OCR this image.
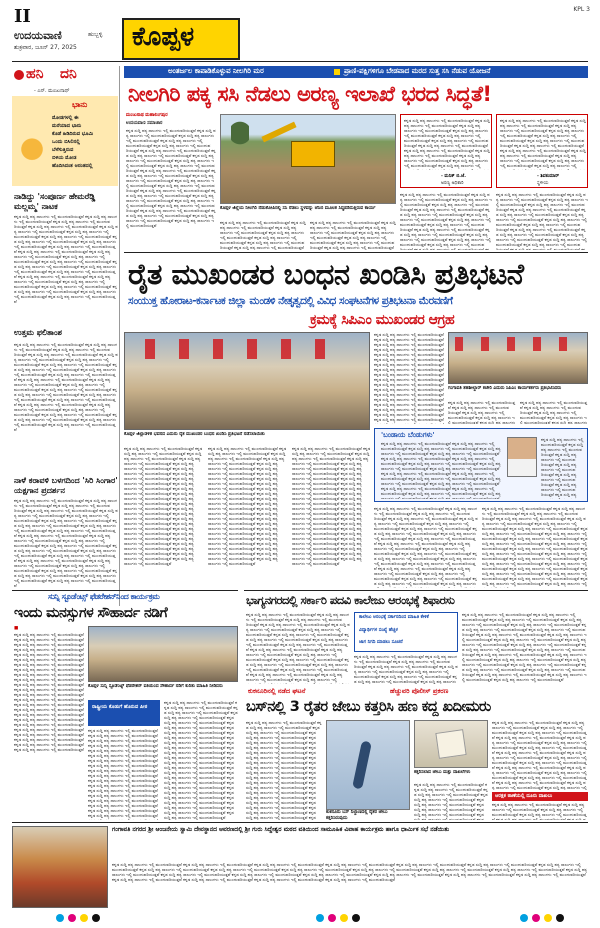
II
ಉದಯವಾಣಿ	ಹುಬ್ಬಳ್ಳಿ
ಶುಕ್ರವಾರ, ಜೂನ್ 27, 2025 ಕೊಪ್ಪಳ
KPL 3
ಹನಿ ದನಿ
- ಎನ್. ಮಂಜುನಾಥ್
ಭಾನು
ಮೋಡಗಳಲ್ಲಿ ಈ
ಮರೆಯಾದ ಭಾನು
ಕೊಡೆ ಹಿಡಿದಿರುವ ಭೂಮಿ
ಒಂದು ಬಿಸಿಲಿನಲ್ಲಿ
ಬೆಳೆಸುತ್ತಿರುವ
ಬಿಳಿಯ ಮೋಡ
ಹೊದಿಸಿದಂತ ಅನಂತದಲ್ಲಿ
ನಾಡಿದ್ದು 'ಸಂಪೂರ್ಣ ಹೇಮರೆಡ್ಡಿ ಮಲ್ಲಮ್ಮ' ನಾಟಕ
ಕನ್ನಡ ಸುದ್ದಿ ಪಠ್ಯ ಸಾಲುಗಳು ಇಲ್ಲಿ ಮುಂದುವರಿಯುತ್ತವೆ ಕನ್ನಡ ಸುದ್ದಿ ಪಠ್ಯ ಸಾಲುಗಳು ಇಲ್ಲಿ ಮುಂದುವರಿಯುತ್ತವೆ ಕನ್ನಡ ಸುದ್ದಿ ಪಠ್ಯ ಸಾಲುಗಳು ಇಲ್ಲಿ ಮುಂದುವರಿಯುತ್ತವೆ ಕನ್ನಡ ಸುದ್ದಿ ಪಠ್ಯ ಸಾಲುಗಳು ಇಲ್ಲಿ ಮುಂದುವರಿಯುತ್ತವೆ ಕನ್ನಡ ಸುದ್ದಿ ಪಠ್ಯ ಸಾಲುಗಳು ಇಲ್ಲಿ ಮುಂದುವರಿಯುತ್ತವೆ ಕನ್ನಡ ಸುದ್ದಿ ಪಠ್ಯ ಸಾಲುಗಳು ಇಲ್ಲಿ ಮುಂದುವರಿಯುತ್ತವೆ ಕನ್ನಡ ಸುದ್ದಿ ಪಠ್ಯ ಸಾಲುಗಳು ಇಲ್ಲಿ ಮುಂದುವರಿಯುತ್ತವೆ ಕನ್ನಡ ಸುದ್ದಿ ಪಠ್ಯ ಸಾಲುಗಳು ಇಲ್ಲಿ ಮುಂದುವರಿಯುತ್ತವೆ ಕನ್ನಡ ಸುದ್ದಿ ಪಠ್ಯ ಸಾಲುಗಳು ಇಲ್ಲಿ ಮುಂದುವರಿಯುತ್ತವೆ ಕನ್ನಡ ಸುದ್ದಿ ಪಠ್ಯ ಸಾಲುಗಳು ಇಲ್ಲಿ ಮುಂದುವರಿಯುತ್ತವೆ ಕನ್ನಡ ಸುದ್ದಿ ಪಠ್ಯ ಸಾಲುಗಳು ಇಲ್ಲಿ ಮುಂದುವರಿಯುತ್ತವೆ ಕನ್ನಡ ಸುದ್ದಿ ಪಠ್ಯ ಸಾಲುಗಳು ಇಲ್ಲಿ ಮುಂದುವರಿಯುತ್ತವೆ ಕನ್ನಡ ಸುದ್ದಿ ಪಠ್ಯ ಸಾಲುಗಳು ಇಲ್ಲಿ ಮುಂದುವರಿಯುತ್ತವೆ ಕನ್ನಡ ಸುದ್ದಿ ಪಠ್ಯ ಸಾಲುಗಳು ಇಲ್ಲಿ ಮುಂದುವರಿಯುತ್ತವೆ ಕನ್ನಡ ಸುದ್ದಿ ಪಠ್ಯ ಸಾಲುಗಳು ಇಲ್ಲಿ ಮುಂದುವರಿಯುತ್ತವೆ ಕನ್ನಡ ಸುದ್ದಿ ಪಠ್ಯ ಸಾಲುಗಳು ಇಲ್ಲಿ ಮುಂದುವರಿಯುತ್ತವೆ ಕನ್ನಡ ಸುದ್ದಿ ಪಠ್ಯ ಸಾಲುಗಳು ಇಲ್ಲಿ ಮುಂದುವರಿಯುತ್ತವೆ ಕನ್ನಡ ಸುದ್ದಿ ಪಠ್ಯ ಸಾಲುಗಳು ಇಲ್ಲಿ ಮುಂದುವರಿಯುತ್ತವೆ ಕನ್ನಡ ಸುದ್ದಿ ಪಠ್ಯ ಸಾಲುಗಳು ಇಲ್ಲಿ ಮುಂದುವರಿಯುತ್ತವೆ ಕನ್ನಡ ಸುದ್ದಿ ಪಠ್ಯ ಸಾಲುಗಳು ಇಲ್ಲಿ ಮುಂದುವರಿಯುತ್ತವೆ ಕನ್ನಡ ಸುದ್ದಿ ಪಠ್ಯ ಸಾಲುಗಳು ಇಲ್ಲಿ ಮುಂದುವರಿಯುತ್ತವೆ ಕನ್ನಡ ಸುದ್ದಿ ಪಠ್ಯ ಸಾಲುಗಳು ಇಲ್ಲಿ ಮುಂದುವರಿಯುತ್ತವೆ ಕನ್ನಡ ಸುದ್ದಿ ಪಠ್ಯ ಸಾಲುಗಳು ಇಲ್ಲಿ ಮುಂದುವರಿಯುತ್ತವೆ ಕನ್ನಡ ಸುದ್ದಿ ಪಠ್ಯ ಸಾಲುಗಳು ಇಲ್ಲಿ ಮುಂದುವರಿಯುತ್ತವೆ
ಉತ್ತಮ ಫಲಿತಾಂಶ
ಕನ್ನಡ ಸುದ್ದಿ ಪಠ್ಯ ಸಾಲುಗಳು ಇಲ್ಲಿ ಮುಂದುವರಿಯುತ್ತವೆ ಕನ್ನಡ ಸುದ್ದಿ ಪಠ್ಯ ಸಾಲುಗಳು ಇಲ್ಲಿ ಮುಂದುವರಿಯುತ್ತವೆ ಕನ್ನಡ ಸುದ್ದಿ ಪಠ್ಯ ಸಾಲುಗಳು ಇಲ್ಲಿ ಮುಂದುವರಿಯುತ್ತವೆ ಕನ್ನಡ ಸುದ್ದಿ ಪಠ್ಯ ಸಾಲುಗಳು ಇಲ್ಲಿ ಮುಂದುವರಿಯುತ್ತವೆ ಕನ್ನಡ ಸುದ್ದಿ ಪಠ್ಯ ಸಾಲುಗಳು ಇಲ್ಲಿ ಮುಂದುವರಿಯುತ್ತವೆ ಕನ್ನಡ ಸುದ್ದಿ ಪಠ್ಯ ಸಾಲುಗಳು ಇಲ್ಲಿ ಮುಂದುವರಿಯುತ್ತವೆ ಕನ್ನಡ ಸುದ್ದಿ ಪಠ್ಯ ಸಾಲುಗಳು ಇಲ್ಲಿ ಮುಂದುವರಿಯುತ್ತವೆ ಕನ್ನಡ ಸುದ್ದಿ ಪಠ್ಯ ಸಾಲುಗಳು ಇಲ್ಲಿ ಮುಂದುವರಿಯುತ್ತವೆ ಕನ್ನಡ ಸುದ್ದಿ ಪಠ್ಯ ಸಾಲುಗಳು ಇಲ್ಲಿ ಮುಂದುವರಿಯುತ್ತವೆ ಕನ್ನಡ ಸುದ್ದಿ ಪಠ್ಯ ಸಾಲುಗಳು ಇಲ್ಲಿ ಮುಂದುವರಿಯುತ್ತವೆ ಕನ್ನಡ ಸುದ್ದಿ ಪಠ್ಯ ಸಾಲುಗಳು ಇಲ್ಲಿ ಮುಂದುವರಿಯುತ್ತವೆ ಕನ್ನಡ ಸುದ್ದಿ ಪಠ್ಯ ಸಾಲುಗಳು ಇಲ್ಲಿ ಮುಂದುವರಿಯುತ್ತವೆ ಕನ್ನಡ ಸುದ್ದಿ ಪಠ್ಯ ಸಾಲುಗಳು ಇಲ್ಲಿ ಮುಂದುವರಿಯುತ್ತವೆ ಕನ್ನಡ ಸುದ್ದಿ ಪಠ್ಯ ಸಾಲುಗಳು ಇಲ್ಲಿ ಮುಂದುವರಿಯುತ್ತವೆ ಕನ್ನಡ ಸುದ್ದಿ ಪಠ್ಯ ಸಾಲುಗಳು ಇಲ್ಲಿ ಮುಂದುವರಿಯುತ್ತವೆ ಕನ್ನಡ ಸುದ್ದಿ ಪಠ್ಯ ಸಾಲುಗಳು ಇಲ್ಲಿ ಮುಂದುವರಿಯುತ್ತವೆ ಕನ್ನಡ ಸುದ್ದಿ ಪಠ್ಯ ಸಾಲುಗಳು ಇಲ್ಲಿ ಮುಂದುವರಿಯುತ್ತವೆ ಕನ್ನಡ ಸುದ್ದಿ ಪಠ್ಯ ಸಾಲುಗಳು ಇಲ್ಲಿ ಮುಂದುವರಿಯುತ್ತವೆ ಕನ್ನಡ ಸುದ್ದಿ ಪಠ್ಯ ಸಾಲುಗಳು ಇಲ್ಲಿ ಮುಂದುವರಿಯುತ್ತವೆ ಕನ್ನಡ ಸುದ್ದಿ ಪಠ್ಯ ಸಾಲುಗಳು ಇಲ್ಲಿ ಮುಂದುವರಿಯುತ್ತವೆ ಕನ್ನಡ ಸುದ್ದಿ ಪಠ್ಯ ಸಾಲುಗಳು ಇಲ್ಲಿ ಮುಂದುವರಿಯುತ್ತವೆ ಕನ್ನಡ ಸುದ್ದಿ ಪಠ್ಯ ಸಾಲುಗಳು ಇಲ್ಲಿ ಮುಂದುವರಿಯುತ್ತವೆ ಕನ್ನಡ ಸುದ್ದಿ ಪಠ್ಯ ಸಾಲುಗಳು ಇಲ್ಲಿ ಮುಂದುವರಿಯುತ್ತವೆ ಕನ್ನಡ ಸುದ್ದಿ ಪಠ್ಯ ಸಾಲುಗಳು ಇಲ್ಲಿ ಮುಂದುವರಿಯುತ್ತವೆ
ನಾಳೆ ಕರಾವಳಿ ಬಳಗದಿಂದ 'ಸಿರಿ ಸಿಂಗಾರ' ಯಕ್ಷಗಾನ ಪ್ರದರ್ಶನ
ಕನ್ನಡ ಸುದ್ದಿ ಪಠ್ಯ ಸಾಲುಗಳು ಇಲ್ಲಿ ಮುಂದುವರಿಯುತ್ತವೆ ಕನ್ನಡ ಸುದ್ದಿ ಪಠ್ಯ ಸಾಲುಗಳು ಇಲ್ಲಿ ಮುಂದುವರಿಯುತ್ತವೆ ಕನ್ನಡ ಸುದ್ದಿ ಪಠ್ಯ ಸಾಲುಗಳು ಇಲ್ಲಿ ಮುಂದುವರಿಯುತ್ತವೆ ಕನ್ನಡ ಸುದ್ದಿ ಪಠ್ಯ ಸಾಲುಗಳು ಇಲ್ಲಿ ಮುಂದುವರಿಯುತ್ತವೆ ಕನ್ನಡ ಸುದ್ದಿ ಪಠ್ಯ ಸಾಲುಗಳು ಇಲ್ಲಿ ಮುಂದುವರಿಯುತ್ತವೆ ಕನ್ನಡ ಸುದ್ದಿ ಪಠ್ಯ ಸಾಲುಗಳು ಇಲ್ಲಿ ಮುಂದುವರಿಯುತ್ತವೆ ಕನ್ನಡ ಸುದ್ದಿ ಪಠ್ಯ ಸಾಲುಗಳು ಇಲ್ಲಿ ಮುಂದುವರಿಯುತ್ತವೆ ಕನ್ನಡ ಸುದ್ದಿ ಪಠ್ಯ ಸಾಲುಗಳು ಇಲ್ಲಿ ಮುಂದುವರಿಯುತ್ತವೆ ಕನ್ನಡ ಸುದ್ದಿ ಪಠ್ಯ ಸಾಲುಗಳು ಇಲ್ಲಿ ಮುಂದುವರಿಯುತ್ತವೆ ಕನ್ನಡ ಸುದ್ದಿ ಪಠ್ಯ ಸಾಲುಗಳು ಇಲ್ಲಿ ಮುಂದುವರಿಯುತ್ತವೆ ಕನ್ನಡ ಸುದ್ದಿ ಪಠ್ಯ ಸಾಲುಗಳು ಇಲ್ಲಿ ಮುಂದುವರಿಯುತ್ತವೆ ಕನ್ನಡ ಸುದ್ದಿ ಪಠ್ಯ ಸಾಲುಗಳು ಇಲ್ಲಿ ಮುಂದುವರಿಯುತ್ತವೆ ಕನ್ನಡ ಸುದ್ದಿ ಪಠ್ಯ ಸಾಲುಗಳು ಇಲ್ಲಿ ಮುಂದುವರಿಯುತ್ತವೆ ಕನ್ನಡ ಸುದ್ದಿ ಪಠ್ಯ ಸಾಲುಗಳು ಇಲ್ಲಿ ಮುಂದುವರಿಯುತ್ತವೆ ಕನ್ನಡ ಸುದ್ದಿ ಪಠ್ಯ ಸಾಲುಗಳು ಇಲ್ಲಿ ಮುಂದುವರಿಯುತ್ತವೆ ಕನ್ನಡ ಸುದ್ದಿ ಪಠ್ಯ ಸಾಲುಗಳು ಇಲ್ಲಿ ಮುಂದುವರಿಯುತ್ತವೆ ಕನ್ನಡ ಸುದ್ದಿ ಪಠ್ಯ ಸಾಲುಗಳು ಇಲ್ಲಿ ಮುಂದುವರಿಯುತ್ತವೆ ಕನ್ನಡ ಸುದ್ದಿ ಪಠ್ಯ ಸಾಲುಗಳು ಇಲ್ಲಿ ಮುಂದುವರಿಯುತ್ತವೆ ಕನ್ನಡ ಸುದ್ದಿ ಪಠ್ಯ ಸಾಲುಗಳು ಇಲ್ಲಿ ಮುಂದುವರಿಯುತ್ತವೆ ಕನ್ನಡ ಸುದ್ದಿ ಪಠ್ಯ ಸಾಲುಗಳು ಇಲ್ಲಿ ಮುಂದುವರಿಯುತ್ತವೆ ಕನ್ನಡ ಸುದ್ದಿ ಪಠ್ಯ ಸಾಲುಗಳು ಇಲ್ಲಿ ಮುಂದುವರಿಯುತ್ತವೆ ಕನ್ನಡ ಸುದ್ದಿ ಪಠ್ಯ ಸಾಲುಗಳು ಇಲ್ಲಿ ಮುಂದುವರಿಯುತ್ತವೆ ಕನ್ನಡ ಸುದ್ದಿ ಪಠ್ಯ ಸಾಲುಗಳು ಇಲ್ಲಿ ಮುಂದುವರಿಯುತ್ತವೆ ಕನ್ನಡ ಸುದ್ದಿ ಪಠ್ಯ ಸಾಲುಗಳು ಇಲ್ಲಿ ಮುಂದುವರಿಯುತ್ತವೆ
ಅಂತರ್ಜಲ ಕಾಪಾಡಿಕೊಳ್ಳುವ ನೀಲಗಿರಿ ಮರ	ಪ್ರಾಣಿ-ಪಕ್ಷಿಗಳಿಗೂ ಬೇಡವಾದ ಮರದ ಸುತ್ತ ಸಸಿ ನೆಡುವ ಯೋಜನೆ
ನೀಲಗಿರಿ ಪಕ್ಕ ಸಸಿ ನೆಡಲು ಅರಣ್ಯ ಇಲಾಖೆ ಭರದ ಸಿದ್ಧತೆ!
ಮಂಜುನಾಥ ಮಹಾಲಿಂಗಪುರ
ಉದಯವಾಣಿ ಸಮಾಚಾರ
ಕನ್ನಡ ಸುದ್ದಿ ಪಠ್ಯ ಸಾಲುಗಳು ಇಲ್ಲಿ ಮುಂದುವರಿಯುತ್ತವೆ ಕನ್ನಡ ಸುದ್ದಿ ಪಠ್ಯ ಸಾಲುಗಳು ಇಲ್ಲಿ ಮುಂದುವರಿಯುತ್ತವೆ ಕನ್ನಡ ಸುದ್ದಿ ಪಠ್ಯ ಸಾಲುಗಳು ಇಲ್ಲಿ ಮುಂದುವರಿಯುತ್ತವೆ ಕನ್ನಡ ಸುದ್ದಿ ಪಠ್ಯ ಸಾಲುಗಳು ಇಲ್ಲಿ ಮುಂದುವರಿಯುತ್ತವೆ ಕನ್ನಡ ಸುದ್ದಿ ಪಠ್ಯ ಸಾಲುಗಳು ಇಲ್ಲಿ ಮುಂದುವರಿಯುತ್ತವೆ ಕನ್ನಡ ಸುದ್ದಿ ಪಠ್ಯ ಸಾಲುಗಳು ಇಲ್ಲಿ ಮುಂದುವರಿಯುತ್ತವೆ ಕನ್ನಡ ಸುದ್ದಿ ಪಠ್ಯ ಸಾಲುಗಳು ಇಲ್ಲಿ ಮುಂದುವರಿಯುತ್ತವೆ ಕನ್ನಡ ಸುದ್ದಿ ಪಠ್ಯ ಸಾಲುಗಳು ಇಲ್ಲಿ ಮುಂದುವರಿಯುತ್ತವೆ ಕನ್ನಡ ಸುದ್ದಿ ಪಠ್ಯ ಸಾಲುಗಳು ಇಲ್ಲಿ ಮುಂದುವರಿಯುತ್ತವೆ ಕನ್ನಡ ಸುದ್ದಿ ಪಠ್ಯ ಸಾಲುಗಳು ಇಲ್ಲಿ ಮುಂದುವರಿಯುತ್ತವೆ ಕನ್ನಡ ಸುದ್ದಿ ಪಠ್ಯ ಸಾಲುಗಳು ಇಲ್ಲಿ ಮುಂದುವರಿಯುತ್ತವೆ ಕನ್ನಡ ಸುದ್ದಿ ಪಠ್ಯ ಸಾಲುಗಳು ಇಲ್ಲಿ ಮುಂದುವರಿಯುತ್ತವೆ ಕನ್ನಡ ಸುದ್ದಿ ಪಠ್ಯ ಸಾಲುಗಳು ಇಲ್ಲಿ ಮುಂದುವರಿಯುತ್ತವೆ ಕನ್ನಡ ಸುದ್ದಿ ಪಠ್ಯ ಸಾಲುಗಳು ಇಲ್ಲಿ ಮುಂದುವರಿಯುತ್ತವೆ ಕನ್ನಡ ಸುದ್ದಿ ಪಠ್ಯ ಸಾಲುಗಳು ಇಲ್ಲಿ ಮುಂದುವರಿಯುತ್ತವೆ ಕನ್ನಡ ಸುದ್ದಿ ಪಠ್ಯ ಸಾಲುಗಳು ಇಲ್ಲಿ ಮುಂದುವರಿಯುತ್ತವೆ ಕನ್ನಡ ಸುದ್ದಿ ಪಠ್ಯ ಸಾಲುಗಳು ಇಲ್ಲಿ ಮುಂದುವರಿಯುತ್ತವೆ ಕನ್ನಡ ಸುದ್ದಿ ಪಠ್ಯ ಸಾಲುಗಳು ಇಲ್ಲಿ ಮುಂದುವರಿಯುತ್ತವೆ ಕನ್ನಡ ಸುದ್ದಿ ಪಠ್ಯ ಸಾಲುಗಳು ಇಲ್ಲಿ ಮುಂದುವರಿಯುತ್ತವೆ ಕನ್ನಡ ಸುದ್ದಿ ಪಠ್ಯ ಸಾಲುಗಳು ಇಲ್ಲಿ ಮುಂದುವರಿಯುತ್ತವೆ ಕನ್ನಡ ಸುದ್ದಿ ಪಠ್ಯ ಸಾಲುಗಳು ಇಲ್ಲಿ ಮುಂದುವರಿಯುತ್ತವೆ ಕನ್ನಡ ಸುದ್ದಿ ಪಠ್ಯ ಸಾಲುಗಳು ಇಲ್ಲಿ ಮುಂದುವರಿಯುತ್ತವೆ ಕನ್ನಡ ಸುದ್ದಿ ಪಠ್ಯ ಸಾಲುಗಳು ಇಲ್ಲಿ ಮುಂದುವರಿಯುತ್ತವೆ ಕನ್ನಡ ಸುದ್ದಿ ಪಠ್ಯ ಸಾಲುಗಳು ಇಲ್ಲಿ ಮುಂದುವರಿಯುತ್ತವೆ
ಕೊಪ್ಪಳ ಜಿಲ್ಲೆಯ ನೀಲಗಿರಿ ನೆಡುತೋಪಿನಲ್ಲಿ ಸಸಿ ನೆಡಲು ಸ್ಥಳವನ್ನು ಜೆಸಿಬಿ ಮೂಲಕ ಸಿದ್ಧಪಡಿಸುತ್ತಿರುವ ಕಾರ್ಯ
ಕನ್ನಡ ಸುದ್ದಿ ಪಠ್ಯ ಸಾಲುಗಳು ಇಲ್ಲಿ ಮುಂದುವರಿಯುತ್ತವೆ ಕನ್ನಡ ಸುದ್ದಿ ಪಠ್ಯ ಸಾಲುಗಳು ಇಲ್ಲಿ ಮುಂದುವರಿಯುತ್ತವೆ ಕನ್ನಡ ಸುದ್ದಿ ಪಠ್ಯ ಸಾಲುಗಳು ಇಲ್ಲಿ ಮುಂದುವರಿಯುತ್ತವೆ ಕನ್ನಡ ಸುದ್ದಿ ಪಠ್ಯ ಸಾಲುಗಳು ಇಲ್ಲಿ ಮುಂದುವರಿಯುತ್ತವೆ ಕನ್ನಡ ಸುದ್ದಿ ಪಠ್ಯ ಸಾಲುಗಳು ಇಲ್ಲಿ ಮುಂದುವರಿಯುತ್ತವೆ ಕನ್ನಡ ಸುದ್ದಿ ಪಠ್ಯ ಸಾಲುಗಳು ಇಲ್ಲಿ ಮುಂದುವರಿಯುತ್ತವೆ ಕನ್ನಡ ಸುದ್ದಿ ಪಠ್ಯ ಸಾಲುಗಳು ಇಲ್ಲಿ ಮುಂದುವರಿಯುತ್ತವೆ ಕನ್ನಡ ಸುದ್ದಿ ಪಠ್ಯ ಸಾಲುಗಳು ಇಲ್ಲಿ ಮುಂದುವರಿಯುತ್ತವೆ ಕನ್ನಡ ಸುದ್ದಿ ಪಠ್ಯ ಸಾಲುಗಳು ಇಲ್ಲಿ ಮುಂದುವರಿಯುತ್ತವೆ ಕನ್ನಡ ಸುದ್ದಿ ಪಠ್ಯ ಸಾಲುಗಳು ಇಲ್ಲಿ ಮುಂದುವರಿಯುತ್ತವೆ ಕನ್ನಡ ಸುದ್ದಿ ಪಠ್ಯ ಸಾಲುಗಳು ಇಲ್ಲಿ ಮುಂದುವರಿಯುತ್ತವೆ ಕನ್ನಡ ಸುದ್ದಿ ಪಠ್ಯ ಸಾಲುಗಳು ಇಲ್ಲಿ ಮುಂದುವರಿಯುತ್ತವೆ ಕನ್ನಡ ಸುದ್ದಿ ಪಠ್ಯ ಸಾಲುಗಳು ಇಲ್ಲಿ ಮುಂದುವರಿಯುತ್ತವೆ ಕನ್ನಡ ಸುದ್ದಿ ಪಠ್ಯ ಸಾಲುಗಳು ಇಲ್ಲಿ ಮುಂದುವರಿಯುತ್ತವೆ ಕನ್ನಡ ಸುದ್ದಿ ಪಠ್ಯ ಸಾಲುಗಳು ಇಲ್ಲಿ ಮುಂದುವರಿಯುತ್ತವೆ ಕನ್ನಡ ಸುದ್ದಿ ಪಠ್ಯ ಸಾಲುಗಳು ಇಲ್ಲಿ ಮುಂದುವರಿಯುತ್ತವೆ ಕನ್ನಡ ಸುದ್ದಿ ಪಠ್ಯ ಸಾಲುಗಳು ಇಲ್ಲಿ ಮುಂದುವರಿಯುತ್ತವೆ ಕನ್ನಡ ಸುದ್ದಿ ಪಠ್ಯ ಸಾಲುಗಳು ಇಲ್ಲಿ ಮುಂದುವರಿಯುತ್ತವೆ ಕನ್ನಡ ಸುದ್ದಿ ಪಠ್ಯ ಸಾಲುಗಳು ಇಲ್ಲಿ ಮುಂದುವರಿಯುತ್ತವೆ ಕನ್ನಡ ಸುದ್ದಿ ಪಠ್ಯ ಸಾಲುಗಳು ಇಲ್ಲಿ ಮುಂದುವರಿಯುತ್ತವೆ ಕನ್ನಡ ಸುದ್ದಿ ಪಠ್ಯ ಸಾಲುಗಳು ಇಲ್ಲಿ ಮುಂದುವರಿಯುತ್ತವೆ ಕನ್ನಡ ಸುದ್ದಿ ಪಠ್ಯ ಸಾಲುಗಳು ಇಲ್ಲಿ ಮುಂದುವರಿಯುತ್ತವೆ ಕನ್ನಡ ಸುದ್ದಿ ಪಠ್ಯ ಸಾಲುಗಳು ಇಲ್ಲಿ ಮುಂದುವರಿಯುತ್ತವೆ ಕನ್ನಡ ಸುದ್ದಿ ಪಠ್ಯ ಸಾಲುಗಳು ಇಲ್ಲಿ ಮುಂದುವರಿಯುತ್ತವೆ
ಕನ್ನಡ ಸುದ್ದಿ ಪಠ್ಯ ಸಾಲುಗಳು ಇಲ್ಲಿ ಮುಂದುವರಿಯುತ್ತವೆ ಕನ್ನಡ ಸುದ್ದಿ ಪಠ್ಯ ಸಾಲುಗಳು ಇಲ್ಲಿ ಮುಂದುವರಿಯುತ್ತವೆ ಕನ್ನಡ ಸುದ್ದಿ ಪಠ್ಯ ಸಾಲುಗಳು ಇಲ್ಲಿ ಮುಂದುವರಿಯುತ್ತವೆ ಕನ್ನಡ ಸುದ್ದಿ ಪಠ್ಯ ಸಾಲುಗಳು ಇಲ್ಲಿ ಮುಂದುವರಿಯುತ್ತವೆ ಕನ್ನಡ ಸುದ್ದಿ ಪಠ್ಯ ಸಾಲುಗಳು ಇಲ್ಲಿ ಮುಂದುವರಿಯುತ್ತವೆ ಕನ್ನಡ ಸುದ್ದಿ ಪಠ್ಯ ಸಾಲುಗಳು ಇಲ್ಲಿ ಮುಂದುವರಿಯುತ್ತವೆ ಕನ್ನಡ ಸುದ್ದಿ ಪಠ್ಯ ಸಾಲುಗಳು ಇಲ್ಲಿ ಮುಂದುವರಿಯುತ್ತವೆ ಕನ್ನಡ ಸುದ್ದಿ ಪಠ್ಯ ಸಾಲುಗಳು ಇಲ್ಲಿ ಮುಂದುವರಿಯುತ್ತವೆ ಕನ್ನಡ ಸುದ್ದಿ ಪಠ್ಯ ಸಾಲುಗಳು ಇಲ್ಲಿ ಮುಂದುವರಿಯುತ್ತವೆ ಕನ್ನಡ ಸುದ್ದಿ ಪಠ್ಯ ಸಾಲುಗಳು ಇಲ್ಲಿ ಮುಂದುವರಿಯುತ್ತವೆ ಕನ್ನಡ ಸುದ್ದಿ ಪಠ್ಯ ಸಾಲುಗಳು ಇಲ್ಲಿ ಮುಂದುವರಿಯುತ್ತವೆ ಕನ್ನಡ ಸುದ್ದಿ ಪಠ್ಯ ಸಾಲುಗಳು ಇಲ್ಲಿ ಮುಂದುವರಿಯುತ್ತವೆ ಕನ್ನಡ ಸುದ್ದಿ ಪಠ್ಯ ಸಾಲುಗಳು ಇಲ್ಲಿ ಮುಂದುವರಿಯುತ್ತವೆ ಕನ್ನಡ ಸುದ್ದಿ ಪಠ್ಯ ಸಾಲುಗಳು ಇಲ್ಲಿ ಮುಂದುವರಿಯುತ್ತವೆ ಕನ್ನಡ ಸುದ್ದಿ ಪಠ್ಯ ಸಾಲುಗಳು ಇಲ್ಲಿ ಮುಂದುವರಿಯುತ್ತವೆ ಕನ್ನಡ ಸುದ್ದಿ ಪಠ್ಯ ಸಾಲುಗಳು ಇಲ್ಲಿ ಮುಂದುವರಿಯುತ್ತವೆ ಕನ್ನಡ ಸುದ್ದಿ ಪಠ್ಯ ಸಾಲುಗಳು ಇಲ್ಲಿ ಮುಂದುವರಿಯುತ್ತವೆ ಕನ್ನಡ ಸುದ್ದಿ ಪಠ್ಯ ಸಾಲುಗಳು ಇಲ್ಲಿ ಮುಂದುವರಿಯುತ್ತವೆ ಕನ್ನಡ ಸುದ್ದಿ ಪಠ್ಯ ಸಾಲುಗಳು ಇಲ್ಲಿ ಮುಂದುವರಿಯುತ್ತವೆ ಕನ್ನಡ ಸುದ್ದಿ ಪಠ್ಯ ಸಾಲುಗಳು ಇಲ್ಲಿ ಮುಂದುವರಿಯುತ್ತವೆ ಕನ್ನಡ ಸುದ್ದಿ ಪಠ್ಯ ಸಾಲುಗಳು ಇಲ್ಲಿ ಮುಂದುವರಿಯುತ್ತವೆ ಕನ್ನಡ ಸುದ್ದಿ ಪಠ್ಯ ಸಾಲುಗಳು ಇಲ್ಲಿ ಮುಂದುವರಿಯುತ್ತವೆ ಕನ್ನಡ ಸುದ್ದಿ ಪಠ್ಯ ಸಾಲುಗಳು ಇಲ್ಲಿ ಮುಂದುವರಿಯುತ್ತವೆ ಕನ್ನಡ ಸುದ್ದಿ ಪಠ್ಯ ಸಾಲುಗಳು ಇಲ್ಲಿ ಮುಂದುವರಿಯುತ್ತವೆ
ಕನ್ನಡ ಸುದ್ದಿ ಪಠ್ಯ ಸಾಲುಗಳು ಇಲ್ಲಿ ಮುಂದುವರಿಯುತ್ತವೆ ಕನ್ನಡ ಸುದ್ದಿ ಪಠ್ಯ ಸಾಲುಗಳು ಇಲ್ಲಿ ಮುಂದುವರಿಯುತ್ತವೆ ಕನ್ನಡ ಸುದ್ದಿ ಪಠ್ಯ ಸಾಲುಗಳು ಇಲ್ಲಿ ಮುಂದುವರಿಯುತ್ತವೆ ಕನ್ನಡ ಸುದ್ದಿ ಪಠ್ಯ ಸಾಲುಗಳು ಇಲ್ಲಿ ಮುಂದುವರಿಯುತ್ತವೆ ಕನ್ನಡ ಸುದ್ದಿ ಪಠ್ಯ ಸಾಲುಗಳು ಇಲ್ಲಿ ಮುಂದುವರಿಯುತ್ತವೆ ಕನ್ನಡ ಸುದ್ದಿ ಪಠ್ಯ ಸಾಲುಗಳು ಇಲ್ಲಿ ಮುಂದುವರಿಯುತ್ತವೆ ಕನ್ನಡ ಸುದ್ದಿ ಪಠ್ಯ ಸಾಲುಗಳು ಇಲ್ಲಿ ಮುಂದುವರಿಯುತ್ತವೆ ಕನ್ನಡ ಸುದ್ದಿ ಪಠ್ಯ ಸಾಲುಗಳು ಇಲ್ಲಿ ಮುಂದುವರಿಯುತ್ತವೆ ಕನ್ನಡ ಸುದ್ದಿ ಪಠ್ಯ ಸಾಲುಗಳು ಇಲ್ಲಿ ಮುಂದುವರಿಯುತ್ತವೆ ಕನ್ನಡ ಸುದ್ದಿ ಪಠ್ಯ ಸಾಲುಗಳು ಇಲ್ಲಿ ಮುಂದುವರಿಯುತ್ತವೆ ಕನ್ನಡ ಸುದ್ದಿ ಪಠ್ಯ ಸಾಲುಗಳು ಇಲ್ಲಿ ಮುಂದುವರಿಯುತ್ತವೆ ಕನ್ನಡ ಸುದ್ದಿ ಪಠ್ಯ ಸಾಲುಗಳು ಇಲ್ಲಿ ಮುಂದುವರಿಯುತ್ತವೆ ಕನ್ನಡ ಸುದ್ದಿ ಪಠ್ಯ ಸಾಲುಗಳು ಇಲ್ಲಿ ಮುಂದುವರಿಯುತ್ತವೆ ಕನ್ನಡ ಸುದ್ದಿ ಪಠ್ಯ ಸಾಲುಗಳು ಇಲ್ಲಿ ಮುಂದುವರಿಯುತ್ತವೆ ಕನ್ನಡ ಸುದ್ದಿ ಪಠ್ಯ ಸಾಲುಗಳು ಇಲ್ಲಿ ಮುಂದುವರಿಯುತ್ತವೆ ಕನ್ನಡ ಸುದ್ದಿ ಪಠ್ಯ ಸಾಲುಗಳು ಇಲ್ಲಿ ಮುಂದುವರಿಯುತ್ತವೆ ಕನ್ನಡ ಸುದ್ದಿ ಪಠ್ಯ ಸಾಲುಗಳು ಇಲ್ಲಿ ಮುಂದುವರಿಯುತ್ತವೆ ಕನ್ನಡ ಸುದ್ದಿ ಪಠ್ಯ ಸಾಲುಗಳು ಇಲ್ಲಿ ಮುಂದುವರಿಯುತ್ತವೆ ಕನ್ನಡ ಸುದ್ದಿ ಪಠ್ಯ ಸಾಲುಗಳು ಇಲ್ಲಿ ಮುಂದುವರಿಯುತ್ತವೆ ಕನ್ನಡ ಸುದ್ದಿ ಪಠ್ಯ ಸಾಲುಗಳು ಇಲ್ಲಿ ಮುಂದುವರಿಯುತ್ತವೆ ಕನ್ನಡ ಸುದ್ದಿ ಪಠ್ಯ ಸಾಲುಗಳು ಇಲ್ಲಿ ಮುಂದುವರಿಯುತ್ತವೆ ಕನ್ನಡ ಸುದ್ದಿ ಪಠ್ಯ ಸಾಲುಗಳು ಇಲ್ಲಿ ಮುಂದುವರಿಯುತ್ತವೆ ಕನ್ನಡ ಸುದ್ದಿ ಪಠ್ಯ ಸಾಲುಗಳು ಇಲ್ಲಿ ಮುಂದುವರಿಯುತ್ತವೆ ಕನ್ನಡ ಸುದ್ದಿ ಪಠ್ಯ ಸಾಲುಗಳು ಇಲ್ಲಿ ಮುಂದುವರಿಯುತ್ತವೆ
- ಮನಿಕ್ ಬಿ.ಜೆ.
ಅರಣ್ಯ ಅಧಿಕಾರಿ
ಕನ್ನಡ ಸುದ್ದಿ ಪಠ್ಯ ಸಾಲುಗಳು ಇಲ್ಲಿ ಮುಂದುವರಿಯುತ್ತವೆ ಕನ್ನಡ ಸುದ್ದಿ ಪಠ್ಯ ಸಾಲುಗಳು ಇಲ್ಲಿ ಮುಂದುವರಿಯುತ್ತವೆ ಕನ್ನಡ ಸುದ್ದಿ ಪಠ್ಯ ಸಾಲುಗಳು ಇಲ್ಲಿ ಮುಂದುವರಿಯುತ್ತವೆ ಕನ್ನಡ ಸುದ್ದಿ ಪಠ್ಯ ಸಾಲುಗಳು ಇಲ್ಲಿ ಮುಂದುವರಿಯುತ್ತವೆ ಕನ್ನಡ ಸುದ್ದಿ ಪಠ್ಯ ಸಾಲುಗಳು ಇಲ್ಲಿ ಮುಂದುವರಿಯುತ್ತವೆ ಕನ್ನಡ ಸುದ್ದಿ ಪಠ್ಯ ಸಾಲುಗಳು ಇಲ್ಲಿ ಮುಂದುವರಿಯುತ್ತವೆ ಕನ್ನಡ ಸುದ್ದಿ ಪಠ್ಯ ಸಾಲುಗಳು ಇಲ್ಲಿ ಮುಂದುವರಿಯುತ್ತವೆ ಕನ್ನಡ ಸುದ್ದಿ ಪಠ್ಯ ಸಾಲುಗಳು ಇಲ್ಲಿ ಮುಂದುವರಿಯುತ್ತವೆ ಕನ್ನಡ ಸುದ್ದಿ ಪಠ್ಯ ಸಾಲುಗಳು ಇಲ್ಲಿ ಮುಂದುವರಿಯುತ್ತವೆ ಕನ್ನಡ ಸುದ್ದಿ ಪಠ್ಯ ಸಾಲುಗಳು ಇಲ್ಲಿ ಮುಂದುವರಿಯುತ್ತವೆ ಕನ್ನಡ ಸುದ್ದಿ ಪಠ್ಯ ಸಾಲುಗಳು ಇಲ್ಲಿ ಮುಂದುವರಿಯುತ್ತವೆ ಕನ್ನಡ ಸುದ್ದಿ ಪಠ್ಯ ಸಾಲುಗಳು ಇಲ್ಲಿ ಮುಂದುವರಿಯುತ್ತವೆ ಕನ್ನಡ ಸುದ್ದಿ ಪಠ್ಯ ಸಾಲುಗಳು ಇಲ್ಲಿ ಮುಂದುವರಿಯುತ್ತವೆ ಕನ್ನಡ ಸುದ್ದಿ ಪಠ್ಯ ಸಾಲುಗಳು ಇಲ್ಲಿ ಮುಂದುವರಿಯುತ್ತವೆ ಕನ್ನಡ ಸುದ್ದಿ ಪಠ್ಯ ಸಾಲುಗಳು ಇಲ್ಲಿ ಮುಂದುವರಿಯುತ್ತವೆ ಕನ್ನಡ ಸುದ್ದಿ ಪಠ್ಯ ಸಾಲುಗಳು ಇಲ್ಲಿ ಮುಂದುವರಿಯುತ್ತವೆ ಕನ್ನಡ ಸುದ್ದಿ ಪಠ್ಯ ಸಾಲುಗಳು ಇಲ್ಲಿ ಮುಂದುವರಿಯುತ್ತವೆ ಕನ್ನಡ ಸುದ್ದಿ ಪಠ್ಯ ಸಾಲುಗಳು ಇಲ್ಲಿ ಮುಂದುವರಿಯುತ್ತವೆ ಕನ್ನಡ ಸುದ್ದಿ ಪಠ್ಯ ಸಾಲುಗಳು ಇಲ್ಲಿ ಮುಂದುವರಿಯುತ್ತವೆ ಕನ್ನಡ ಸುದ್ದಿ ಪಠ್ಯ ಸಾಲುಗಳು ಇಲ್ಲಿ ಮುಂದುವರಿಯುತ್ತವೆ ಕನ್ನಡ ಸುದ್ದಿ ಪಠ್ಯ ಸಾಲುಗಳು ಇಲ್ಲಿ ಮುಂದುವರಿಯುತ್ತವೆ ಕನ್ನಡ ಸುದ್ದಿ ಪಠ್ಯ ಸಾಲುಗಳು ಇಲ್ಲಿ ಮುಂದುವರಿಯುತ್ತವೆ ಕನ್ನಡ ಸುದ್ದಿ ಪಠ್ಯ ಸಾಲುಗಳು ಇಲ್ಲಿ ಮುಂದುವರಿಯುತ್ತವೆ ಕನ್ನಡ ಸುದ್ದಿ ಪಠ್ಯ ಸಾಲುಗಳು ಇಲ್ಲಿ ಮುಂದುವರಿಯುತ್ತವೆ
- ಶಿವಕುಮಾರ್
ಸ್ಥಳೀಯ
ಕನ್ನಡ ಸುದ್ದಿ ಪಠ್ಯ ಸಾಲುಗಳು ಇಲ್ಲಿ ಮುಂದುವರಿಯುತ್ತವೆ ಕನ್ನಡ ಸುದ್ದಿ ಪಠ್ಯ ಸಾಲುಗಳು ಇಲ್ಲಿ ಮುಂದುವರಿಯುತ್ತವೆ ಕನ್ನಡ ಸುದ್ದಿ ಪಠ್ಯ ಸಾಲುಗಳು ಇಲ್ಲಿ ಮುಂದುವರಿಯುತ್ತವೆ ಕನ್ನಡ ಸುದ್ದಿ ಪಠ್ಯ ಸಾಲುಗಳು ಇಲ್ಲಿ ಮುಂದುವರಿಯುತ್ತವೆ ಕನ್ನಡ ಸುದ್ದಿ ಪಠ್ಯ ಸಾಲುಗಳು ಇಲ್ಲಿ ಮುಂದುವರಿಯುತ್ತವೆ ಕನ್ನಡ ಸುದ್ದಿ ಪಠ್ಯ ಸಾಲುಗಳು ಇಲ್ಲಿ ಮುಂದುವರಿಯುತ್ತವೆ ಕನ್ನಡ ಸುದ್ದಿ ಪಠ್ಯ ಸಾಲುಗಳು ಇಲ್ಲಿ ಮುಂದುವರಿಯುತ್ತವೆ ಕನ್ನಡ ಸುದ್ದಿ ಪಠ್ಯ ಸಾಲುಗಳು ಇಲ್ಲಿ ಮುಂದುವರಿಯುತ್ತವೆ ಕನ್ನಡ ಸುದ್ದಿ ಪಠ್ಯ ಸಾಲುಗಳು ಇಲ್ಲಿ ಮುಂದುವರಿಯುತ್ತವೆ ಕನ್ನಡ ಸುದ್ದಿ ಪಠ್ಯ ಸಾಲುಗಳು ಇಲ್ಲಿ ಮುಂದುವರಿಯುತ್ತವೆ ಕನ್ನಡ ಸುದ್ದಿ ಪಠ್ಯ ಸಾಲುಗಳು ಇಲ್ಲಿ ಮುಂದುವರಿಯುತ್ತವೆ ಕನ್ನಡ ಸುದ್ದಿ ಪಠ್ಯ ಸಾಲುಗಳು ಇಲ್ಲಿ ಮುಂದುವರಿಯುತ್ತವೆ ಕನ್ನಡ ಸುದ್ದಿ ಪಠ್ಯ ಸಾಲುಗಳು ಇಲ್ಲಿ ಮುಂದುವರಿಯುತ್ತವೆ ಕನ್ನಡ ಸುದ್ದಿ ಪಠ್ಯ ಸಾಲುಗಳು ಇಲ್ಲಿ ಮುಂದುವರಿಯುತ್ತವೆ ಕನ್ನಡ ಸುದ್ದಿ ಪಠ್ಯ ಸಾಲುಗಳು ಇಲ್ಲಿ ಮುಂದುವರಿಯುತ್ತವೆ ಕನ್ನಡ ಸುದ್ದಿ ಪಠ್ಯ ಸಾಲುಗಳು ಇಲ್ಲಿ ಮುಂದುವರಿಯುತ್ತವೆ ಕನ್ನಡ ಸುದ್ದಿ ಪಠ್ಯ ಸಾಲುಗಳು ಇಲ್ಲಿ ಮುಂದುವರಿಯುತ್ತವೆ ಕನ್ನಡ ಸುದ್ದಿ ಪಠ್ಯ ಸಾಲುಗಳು ಇಲ್ಲಿ ಮುಂದುವರಿಯುತ್ತವೆ ಕನ್ನಡ ಸುದ್ದಿ ಪಠ್ಯ ಸಾಲುಗಳು ಇಲ್ಲಿ ಮುಂದುವರಿಯುತ್ತವೆ ಕನ್ನಡ ಸುದ್ದಿ ಪಠ್ಯ ಸಾಲುಗಳು ಇಲ್ಲಿ ಮುಂದುವರಿಯುತ್ತವೆ ಕನ್ನಡ ಸುದ್ದಿ ಪಠ್ಯ ಸಾಲುಗಳು ಇಲ್ಲಿ ಮುಂದುವರಿಯುತ್ತವೆ ಕನ್ನಡ ಸುದ್ದಿ ಪಠ್ಯ ಸಾಲುಗಳು ಇಲ್ಲಿ ಮುಂದುವರಿಯುತ್ತವೆ ಕನ್ನಡ ಸುದ್ದಿ ಪಠ್ಯ ಸಾಲುಗಳು ಇಲ್ಲಿ ಮುಂದುವರಿಯುತ್ತವೆ ಕನ್ನಡ ಸುದ್ದಿ ಪಠ್ಯ ಸಾಲುಗಳು ಇಲ್ಲಿ ಮುಂದುವರಿಯುತ್ತವೆ
ಕನ್ನಡ ಸುದ್ದಿ ಪಠ್ಯ ಸಾಲುಗಳು ಇಲ್ಲಿ ಮುಂದುವರಿಯುತ್ತವೆ ಕನ್ನಡ ಸುದ್ದಿ ಪಠ್ಯ ಸಾಲುಗಳು ಇಲ್ಲಿ ಮುಂದುವರಿಯುತ್ತವೆ ಕನ್ನಡ ಸುದ್ದಿ ಪಠ್ಯ ಸಾಲುಗಳು ಇಲ್ಲಿ ಮುಂದುವರಿಯುತ್ತವೆ ಕನ್ನಡ ಸುದ್ದಿ ಪಠ್ಯ ಸಾಲುಗಳು ಇಲ್ಲಿ ಮುಂದುವರಿಯುತ್ತವೆ ಕನ್ನಡ ಸುದ್ದಿ ಪಠ್ಯ ಸಾಲುಗಳು ಇಲ್ಲಿ ಮುಂದುವರಿಯುತ್ತವೆ ಕನ್ನಡ ಸುದ್ದಿ ಪಠ್ಯ ಸಾಲುಗಳು ಇಲ್ಲಿ ಮುಂದುವರಿಯುತ್ತವೆ ಕನ್ನಡ ಸುದ್ದಿ ಪಠ್ಯ ಸಾಲುಗಳು ಇಲ್ಲಿ ಮುಂದುವರಿಯುತ್ತವೆ ಕನ್ನಡ ಸುದ್ದಿ ಪಠ್ಯ ಸಾಲುಗಳು ಇಲ್ಲಿ ಮುಂದುವರಿಯುತ್ತವೆ ಕನ್ನಡ ಸುದ್ದಿ ಪಠ್ಯ ಸಾಲುಗಳು ಇಲ್ಲಿ ಮುಂದುವರಿಯುತ್ತವೆ ಕನ್ನಡ ಸುದ್ದಿ ಪಠ್ಯ ಸಾಲುಗಳು ಇಲ್ಲಿ ಮುಂದುವರಿಯುತ್ತವೆ ಕನ್ನಡ ಸುದ್ದಿ ಪಠ್ಯ ಸಾಲುಗಳು ಇಲ್ಲಿ ಮುಂದುವರಿಯುತ್ತವೆ ಕನ್ನಡ ಸುದ್ದಿ ಪಠ್ಯ ಸಾಲುಗಳು ಇಲ್ಲಿ ಮುಂದುವರಿಯುತ್ತವೆ ಕನ್ನಡ ಸುದ್ದಿ ಪಠ್ಯ ಸಾಲುಗಳು ಇಲ್ಲಿ ಮುಂದುವರಿಯುತ್ತವೆ ಕನ್ನಡ ಸುದ್ದಿ ಪಠ್ಯ ಸಾಲುಗಳು ಇಲ್ಲಿ ಮುಂದುವರಿಯುತ್ತವೆ ಕನ್ನಡ ಸುದ್ದಿ ಪಠ್ಯ ಸಾಲುಗಳು ಇಲ್ಲಿ ಮುಂದುವರಿಯುತ್ತವೆ ಕನ್ನಡ ಸುದ್ದಿ ಪಠ್ಯ ಸಾಲುಗಳು ಇಲ್ಲಿ ಮುಂದುವರಿಯುತ್ತವೆ ಕನ್ನಡ ಸುದ್ದಿ ಪಠ್ಯ ಸಾಲುಗಳು ಇಲ್ಲಿ ಮುಂದುವರಿಯುತ್ತವೆ ಕನ್ನಡ ಸುದ್ದಿ ಪಠ್ಯ ಸಾಲುಗಳು ಇಲ್ಲಿ ಮುಂದುವರಿಯುತ್ತವೆ ಕನ್ನಡ ಸುದ್ದಿ ಪಠ್ಯ ಸಾಲುಗಳು ಇಲ್ಲಿ ಮುಂದುವರಿಯುತ್ತವೆ ಕನ್ನಡ ಸುದ್ದಿ ಪಠ್ಯ ಸಾಲುಗಳು ಇಲ್ಲಿ ಮುಂದುವರಿಯುತ್ತವೆ ಕನ್ನಡ ಸುದ್ದಿ ಪಠ್ಯ ಸಾಲುಗಳು ಇಲ್ಲಿ ಮುಂದುವರಿಯುತ್ತವೆ ಕನ್ನಡ ಸುದ್ದಿ ಪಠ್ಯ ಸಾಲುಗಳು ಇಲ್ಲಿ ಮುಂದುವರಿಯುತ್ತವೆ ಕನ್ನಡ ಸುದ್ದಿ ಪಠ್ಯ ಸಾಲುಗಳು ಇಲ್ಲಿ ಮುಂದುವರಿಯುತ್ತವೆ ಕನ್ನಡ ಸುದ್ದಿ ಪಠ್ಯ ಸಾಲುಗಳು ಇಲ್ಲಿ ಮುಂದುವರಿಯುತ್ತವೆ
ರೈತ ಮುಖಂಡರ ಬಂಧನ ಖಂಡಿಸಿ ಪ್ರತಿಭಟನೆ
ಸಂಯುಕ್ತ ಹೋರಾಟ-ಕರ್ನಾಟಕ ಜಿಲ್ಲಾ ಮಂಡಳಿ ನೇತೃತ್ವದಲ್ಲಿ ವಿವಿಧ ಸಂಘಟನೆಗಳ ಪ್ರತಿಭಟನಾ ಮೆರವಣಿಗೆ
ಕ್ರಮಕ್ಕೆ ಸಿಪಿಎಂ ಮುಖಂಡರ ಆಗ್ರಹ
ಕೊಪ್ಪಳ ಜಿಲ್ಲಾಡಳಿತ ಭವನದ ಎದುರು ರೈತ ಮುಖಂಡರ ಬಂಧನ ಖಂಡಿಸಿ ಪ್ರತಿಭಟನೆ ನಡೆಸಲಾಯಿತು
ಕನ್ನಡ ಸುದ್ದಿ ಪಠ್ಯ ಸಾಲುಗಳು ಇಲ್ಲಿ ಮುಂದುವರಿಯುತ್ತವೆ ಕನ್ನಡ ಸುದ್ದಿ ಪಠ್ಯ ಸಾಲುಗಳು ಇಲ್ಲಿ ಮುಂದುವರಿಯುತ್ತವೆ ಕನ್ನಡ ಸುದ್ದಿ ಪಠ್ಯ ಸಾಲುಗಳು ಇಲ್ಲಿ ಮುಂದುವರಿಯುತ್ತವೆ ಕನ್ನಡ ಸುದ್ದಿ ಪಠ್ಯ ಸಾಲುಗಳು ಇಲ್ಲಿ ಮುಂದುವರಿಯುತ್ತವೆ ಕನ್ನಡ ಸುದ್ದಿ ಪಠ್ಯ ಸಾಲುಗಳು ಇಲ್ಲಿ ಮುಂದುವರಿಯುತ್ತವೆ ಕನ್ನಡ ಸುದ್ದಿ ಪಠ್ಯ ಸಾಲುಗಳು ಇಲ್ಲಿ ಮುಂದುವರಿಯುತ್ತವೆ ಕನ್ನಡ ಸುದ್ದಿ ಪಠ್ಯ ಸಾಲುಗಳು ಇಲ್ಲಿ ಮುಂದುವರಿಯುತ್ತವೆ ಕನ್ನಡ ಸುದ್ದಿ ಪಠ್ಯ ಸಾಲುಗಳು ಇಲ್ಲಿ ಮುಂದುವರಿಯುತ್ತವೆ ಕನ್ನಡ ಸುದ್ದಿ ಪಠ್ಯ ಸಾಲುಗಳು ಇಲ್ಲಿ ಮುಂದುವರಿಯುತ್ತವೆ ಕನ್ನಡ ಸುದ್ದಿ ಪಠ್ಯ ಸಾಲುಗಳು ಇಲ್ಲಿ ಮುಂದುವರಿಯುತ್ತವೆ ಕನ್ನಡ ಸುದ್ದಿ ಪಠ್ಯ ಸಾಲುಗಳು ಇಲ್ಲಿ ಮುಂದುವರಿಯುತ್ತವೆ ಕನ್ನಡ ಸುದ್ದಿ ಪಠ್ಯ ಸಾಲುಗಳು ಇಲ್ಲಿ ಮುಂದುವರಿಯುತ್ತವೆ ಕನ್ನಡ ಸುದ್ದಿ ಪಠ್ಯ ಸಾಲುಗಳು ಇಲ್ಲಿ ಮುಂದುವರಿಯುತ್ತವೆ ಕನ್ನಡ ಸುದ್ದಿ ಪಠ್ಯ ಸಾಲುಗಳು ಇಲ್ಲಿ ಮುಂದುವರಿಯುತ್ತವೆ ಕನ್ನಡ ಸುದ್ದಿ ಪಠ್ಯ ಸಾಲುಗಳು ಇಲ್ಲಿ ಮುಂದುವರಿಯುತ್ತವೆ ಕನ್ನಡ ಸುದ್ದಿ ಪಠ್ಯ ಸಾಲುಗಳು ಇಲ್ಲಿ ಮುಂದುವರಿಯುತ್ತವೆ ಕನ್ನಡ ಸುದ್ದಿ ಪಠ್ಯ ಸಾಲುಗಳು ಇಲ್ಲಿ ಮುಂದುವರಿಯುತ್ತವೆ ಕನ್ನಡ ಸುದ್ದಿ ಪಠ್ಯ ಸಾಲುಗಳು ಇಲ್ಲಿ ಮುಂದುವರಿಯುತ್ತವೆ ಕನ್ನಡ ಸುದ್ದಿ ಪಠ್ಯ ಸಾಲುಗಳು ಇಲ್ಲಿ ಮುಂದುವರಿಯುತ್ತವೆ ಕನ್ನಡ ಸುದ್ದಿ ಪಠ್ಯ ಸಾಲುಗಳು ಇಲ್ಲಿ ಮುಂದುವರಿಯುತ್ತವೆ ಕನ್ನಡ ಸುದ್ದಿ ಪಠ್ಯ ಸಾಲುಗಳು ಇಲ್ಲಿ ಮುಂದುವರಿಯುತ್ತವೆ ಕನ್ನಡ ಸುದ್ದಿ ಪಠ್ಯ ಸಾಲುಗಳು ಇಲ್ಲಿ ಮುಂದುವರಿಯುತ್ತವೆ ಕನ್ನಡ ಸುದ್ದಿ ಪಠ್ಯ ಸಾಲುಗಳು ಇಲ್ಲಿ ಮುಂದುವರಿಯುತ್ತವೆ ಕನ್ನಡ ಸುದ್ದಿ ಪಠ್ಯ ಸಾಲುಗಳು ಇಲ್ಲಿ ಮುಂದುವರಿಯುತ್ತವೆ
ಕನ್ನಡ ಸುದ್ದಿ ಪಠ್ಯ ಸಾಲುಗಳು ಇಲ್ಲಿ ಮುಂದುವರಿಯುತ್ತವೆ ಕನ್ನಡ ಸುದ್ದಿ ಪಠ್ಯ ಸಾಲುಗಳು ಇಲ್ಲಿ ಮುಂದುವರಿಯುತ್ತವೆ ಕನ್ನಡ ಸುದ್ದಿ ಪಠ್ಯ ಸಾಲುಗಳು ಇಲ್ಲಿ ಮುಂದುವರಿಯುತ್ತವೆ ಕನ್ನಡ ಸುದ್ದಿ ಪಠ್ಯ ಸಾಲುಗಳು ಇಲ್ಲಿ ಮುಂದುವರಿಯುತ್ತವೆ ಕನ್ನಡ ಸುದ್ದಿ ಪಠ್ಯ ಸಾಲುಗಳು ಇಲ್ಲಿ ಮುಂದುವರಿಯುತ್ತವೆ ಕನ್ನಡ ಸುದ್ದಿ ಪಠ್ಯ ಸಾಲುಗಳು ಇಲ್ಲಿ ಮುಂದುವರಿಯುತ್ತವೆ ಕನ್ನಡ ಸುದ್ದಿ ಪಠ್ಯ ಸಾಲುಗಳು ಇಲ್ಲಿ ಮುಂದುವರಿಯುತ್ತವೆ ಕನ್ನಡ ಸುದ್ದಿ ಪಠ್ಯ ಸಾಲುಗಳು ಇಲ್ಲಿ ಮುಂದುವರಿಯುತ್ತವೆ ಕನ್ನಡ ಸುದ್ದಿ ಪಠ್ಯ ಸಾಲುಗಳು ಇಲ್ಲಿ ಮುಂದುವರಿಯುತ್ತವೆ ಕನ್ನಡ ಸುದ್ದಿ ಪಠ್ಯ ಸಾಲುಗಳು ಇಲ್ಲಿ ಮುಂದುವರಿಯುತ್ತವೆ ಕನ್ನಡ ಸುದ್ದಿ ಪಠ್ಯ ಸಾಲುಗಳು ಇಲ್ಲಿ ಮುಂದುವರಿಯುತ್ತವೆ ಕನ್ನಡ ಸುದ್ದಿ ಪಠ್ಯ ಸಾಲುಗಳು ಇಲ್ಲಿ ಮುಂದುವರಿಯುತ್ತವೆ ಕನ್ನಡ ಸುದ್ದಿ ಪಠ್ಯ ಸಾಲುಗಳು ಇಲ್ಲಿ ಮುಂದುವರಿಯುತ್ತವೆ ಕನ್ನಡ ಸುದ್ದಿ ಪಠ್ಯ ಸಾಲುಗಳು ಇಲ್ಲಿ ಮುಂದುವರಿಯುತ್ತವೆ ಕನ್ನಡ ಸುದ್ದಿ ಪಠ್ಯ ಸಾಲುಗಳು ಇಲ್ಲಿ ಮುಂದುವರಿಯುತ್ತವೆ ಕನ್ನಡ ಸುದ್ದಿ ಪಠ್ಯ ಸಾಲುಗಳು ಇಲ್ಲಿ ಮುಂದುವರಿಯುತ್ತವೆ ಕನ್ನಡ ಸುದ್ದಿ ಪಠ್ಯ ಸಾಲುಗಳು ಇಲ್ಲಿ ಮುಂದುವರಿಯುತ್ತವೆ ಕನ್ನಡ ಸುದ್ದಿ ಪಠ್ಯ ಸಾಲುಗಳು ಇಲ್ಲಿ ಮುಂದುವರಿಯುತ್ತವೆ ಕನ್ನಡ ಸುದ್ದಿ ಪಠ್ಯ ಸಾಲುಗಳು ಇಲ್ಲಿ ಮುಂದುವರಿಯುತ್ತವೆ ಕನ್ನಡ ಸುದ್ದಿ ಪಠ್ಯ ಸಾಲುಗಳು ಇಲ್ಲಿ ಮುಂದುವರಿಯುತ್ತವೆ ಕನ್ನಡ ಸುದ್ದಿ ಪಠ್ಯ ಸಾಲುಗಳು ಇಲ್ಲಿ ಮುಂದುವರಿಯುತ್ತವೆ ಕನ್ನಡ ಸುದ್ದಿ ಪಠ್ಯ ಸಾಲುಗಳು ಇಲ್ಲಿ ಮುಂದುವರಿಯುತ್ತವೆ ಕನ್ನಡ ಸುದ್ದಿ ಪಠ್ಯ ಸಾಲುಗಳು ಇಲ್ಲಿ ಮುಂದುವರಿಯುತ್ತವೆ ಕನ್ನಡ ಸುದ್ದಿ ಪಠ್ಯ ಸಾಲುಗಳು ಇಲ್ಲಿ ಮುಂದುವರಿಯುತ್ತವೆ
ಕನ್ನಡ ಸುದ್ದಿ ಪಠ್ಯ ಸಾಲುಗಳು ಇಲ್ಲಿ ಮುಂದುವರಿಯುತ್ತವೆ ಕನ್ನಡ ಸುದ್ದಿ ಪಠ್ಯ ಸಾಲುಗಳು ಇಲ್ಲಿ ಮುಂದುವರಿಯುತ್ತವೆ ಕನ್ನಡ ಸುದ್ದಿ ಪಠ್ಯ ಸಾಲುಗಳು ಇಲ್ಲಿ ಮುಂದುವರಿಯುತ್ತವೆ ಕನ್ನಡ ಸುದ್ದಿ ಪಠ್ಯ ಸಾಲುಗಳು ಇಲ್ಲಿ ಮುಂದುವರಿಯುತ್ತವೆ ಕನ್ನಡ ಸುದ್ದಿ ಪಠ್ಯ ಸಾಲುಗಳು ಇಲ್ಲಿ ಮುಂದುವರಿಯುತ್ತವೆ ಕನ್ನಡ ಸುದ್ದಿ ಪಠ್ಯ ಸಾಲುಗಳು ಇಲ್ಲಿ ಮುಂದುವರಿಯುತ್ತವೆ ಕನ್ನಡ ಸುದ್ದಿ ಪಠ್ಯ ಸಾಲುಗಳು ಇಲ್ಲಿ ಮುಂದುವರಿಯುತ್ತವೆ ಕನ್ನಡ ಸುದ್ದಿ ಪಠ್ಯ ಸಾಲುಗಳು ಇಲ್ಲಿ ಮುಂದುವರಿಯುತ್ತವೆ ಕನ್ನಡ ಸುದ್ದಿ ಪಠ್ಯ ಸಾಲುಗಳು ಇಲ್ಲಿ ಮುಂದುವರಿಯುತ್ತವೆ ಕನ್ನಡ ಸುದ್ದಿ ಪಠ್ಯ ಸಾಲುಗಳು ಇಲ್ಲಿ ಮುಂದುವರಿಯುತ್ತವೆ ಕನ್ನಡ ಸುದ್ದಿ ಪಠ್ಯ ಸಾಲುಗಳು ಇಲ್ಲಿ ಮುಂದುವರಿಯುತ್ತವೆ ಕನ್ನಡ ಸುದ್ದಿ ಪಠ್ಯ ಸಾಲುಗಳು ಇಲ್ಲಿ ಮುಂದುವರಿಯುತ್ತವೆ ಕನ್ನಡ ಸುದ್ದಿ ಪಠ್ಯ ಸಾಲುಗಳು ಇಲ್ಲಿ ಮುಂದುವರಿಯುತ್ತವೆ ಕನ್ನಡ ಸುದ್ದಿ ಪಠ್ಯ ಸಾಲುಗಳು ಇಲ್ಲಿ ಮುಂದುವರಿಯುತ್ತವೆ ಕನ್ನಡ ಸುದ್ದಿ ಪಠ್ಯ ಸಾಲುಗಳು ಇಲ್ಲಿ ಮುಂದುವರಿಯುತ್ತವೆ ಕನ್ನಡ ಸುದ್ದಿ ಪಠ್ಯ ಸಾಲುಗಳು ಇಲ್ಲಿ ಮುಂದುವರಿಯುತ್ತವೆ ಕನ್ನಡ ಸುದ್ದಿ ಪಠ್ಯ ಸಾಲುಗಳು ಇಲ್ಲಿ ಮುಂದುವರಿಯುತ್ತವೆ ಕನ್ನಡ ಸುದ್ದಿ ಪಠ್ಯ ಸಾಲುಗಳು ಇಲ್ಲಿ ಮುಂದುವರಿಯುತ್ತವೆ ಕನ್ನಡ ಸುದ್ದಿ ಪಠ್ಯ ಸಾಲುಗಳು ಇಲ್ಲಿ ಮುಂದುವರಿಯುತ್ತವೆ ಕನ್ನಡ ಸುದ್ದಿ ಪಠ್ಯ ಸಾಲುಗಳು ಇಲ್ಲಿ ಮುಂದುವರಿಯುತ್ತವೆ ಕನ್ನಡ ಸುದ್ದಿ ಪಠ್ಯ ಸಾಲುಗಳು ಇಲ್ಲಿ ಮುಂದುವರಿಯುತ್ತವೆ ಕನ್ನಡ ಸುದ್ದಿ ಪಠ್ಯ ಸಾಲುಗಳು ಇಲ್ಲಿ ಮುಂದುವರಿಯುತ್ತವೆ ಕನ್ನಡ ಸುದ್ದಿ ಪಠ್ಯ ಸಾಲುಗಳು ಇಲ್ಲಿ ಮುಂದುವರಿಯುತ್ತವೆ ಕನ್ನಡ ಸುದ್ದಿ ಪಠ್ಯ ಸಾಲುಗಳು ಇಲ್ಲಿ ಮುಂದುವರಿಯುತ್ತವೆ
ಕನ್ನಡ ಸುದ್ದಿ ಪಠ್ಯ ಸಾಲುಗಳು ಇಲ್ಲಿ ಮುಂದುವರಿಯುತ್ತವೆ ಕನ್ನಡ ಸುದ್ದಿ ಪಠ್ಯ ಸಾಲುಗಳು ಇಲ್ಲಿ ಮುಂದುವರಿಯುತ್ತವೆ ಕನ್ನಡ ಸುದ್ದಿ ಪಠ್ಯ ಸಾಲುಗಳು ಇಲ್ಲಿ ಮುಂದುವರಿಯುತ್ತವೆ ಕನ್ನಡ ಸುದ್ದಿ ಪಠ್ಯ ಸಾಲುಗಳು ಇಲ್ಲಿ ಮುಂದುವರಿಯುತ್ತವೆ ಕನ್ನಡ ಸುದ್ದಿ ಪಠ್ಯ ಸಾಲುಗಳು ಇಲ್ಲಿ ಮುಂದುವರಿಯುತ್ತವೆ ಕನ್ನಡ ಸುದ್ದಿ ಪಠ್ಯ ಸಾಲುಗಳು ಇಲ್ಲಿ ಮುಂದುವರಿಯುತ್ತವೆ ಕನ್ನಡ ಸುದ್ದಿ ಪಠ್ಯ ಸಾಲುಗಳು ಇಲ್ಲಿ ಮುಂದುವರಿಯುತ್ತವೆ ಕನ್ನಡ ಸುದ್ದಿ ಪಠ್ಯ ಸಾಲುಗಳು ಇಲ್ಲಿ ಮುಂದುವರಿಯುತ್ತವೆ ಕನ್ನಡ ಸುದ್ದಿ ಪಠ್ಯ ಸಾಲುಗಳು ಇಲ್ಲಿ ಮುಂದುವರಿಯುತ್ತವೆ ಕನ್ನಡ ಸುದ್ದಿ ಪಠ್ಯ ಸಾಲುಗಳು ಇಲ್ಲಿ ಮುಂದುವರಿಯುತ್ತವೆ ಕನ್ನಡ ಸುದ್ದಿ ಪಠ್ಯ ಸಾಲುಗಳು ಇಲ್ಲಿ ಮುಂದುವರಿಯುತ್ತವೆ ಕನ್ನಡ ಸುದ್ದಿ ಪಠ್ಯ ಸಾಲುಗಳು ಇಲ್ಲಿ ಮುಂದುವರಿಯುತ್ತವೆ ಕನ್ನಡ ಸುದ್ದಿ ಪಠ್ಯ ಸಾಲುಗಳು ಇಲ್ಲಿ ಮುಂದುವರಿಯುತ್ತವೆ ಕನ್ನಡ ಸುದ್ದಿ ಪಠ್ಯ ಸಾಲುಗಳು ಇಲ್ಲಿ ಮುಂದುವರಿಯುತ್ತವೆ ಕನ್ನಡ ಸುದ್ದಿ ಪಠ್ಯ ಸಾಲುಗಳು ಇಲ್ಲಿ ಮುಂದುವರಿಯುತ್ತವೆ ಕನ್ನಡ ಸುದ್ದಿ ಪಠ್ಯ ಸಾಲುಗಳು ಇಲ್ಲಿ ಮುಂದುವರಿಯುತ್ತವೆ ಕನ್ನಡ ಸುದ್ದಿ ಪಠ್ಯ ಸಾಲುಗಳು ಇಲ್ಲಿ ಮುಂದುವರಿಯುತ್ತವೆ ಕನ್ನಡ ಸುದ್ದಿ ಪಠ್ಯ ಸಾಲುಗಳು ಇಲ್ಲಿ ಮುಂದುವರಿಯುತ್ತವೆ ಕನ್ನಡ ಸುದ್ದಿ ಪಠ್ಯ ಸಾಲುಗಳು ಇಲ್ಲಿ ಮುಂದುವರಿಯುತ್ತವೆ ಕನ್ನಡ ಸುದ್ದಿ ಪಠ್ಯ ಸಾಲುಗಳು ಇಲ್ಲಿ ಮುಂದುವರಿಯುತ್ತವೆ ಕನ್ನಡ ಸುದ್ದಿ ಪಠ್ಯ ಸಾಲುಗಳು ಇಲ್ಲಿ ಮುಂದುವರಿಯುತ್ತವೆ ಕನ್ನಡ ಸುದ್ದಿ ಪಠ್ಯ ಸಾಲುಗಳು ಇಲ್ಲಿ ಮುಂದುವರಿಯುತ್ತವೆ ಕನ್ನಡ ಸುದ್ದಿ ಪಠ್ಯ ಸಾಲುಗಳು ಇಲ್ಲಿ ಮುಂದುವರಿಯುತ್ತವೆ ಕನ್ನಡ ಸುದ್ದಿ ಪಠ್ಯ ಸಾಲುಗಳು ಇಲ್ಲಿ ಮುಂದುವರಿಯುತ್ತವೆ
ಗಂಗಾವತಿ ತಹಶೀಲ್ದಾರ್ ಕಚೇರಿ ಎದುರು ಸಿಪಿಎಂ ಕಾರ್ಯಕರ್ತರು ಪ್ರತಿಭಟಿಸಿದರು
ಕನ್ನಡ ಸುದ್ದಿ ಪಠ್ಯ ಸಾಲುಗಳು ಇಲ್ಲಿ ಮುಂದುವರಿಯುತ್ತವೆ ಕನ್ನಡ ಸುದ್ದಿ ಪಠ್ಯ ಸಾಲುಗಳು ಇಲ್ಲಿ ಮುಂದುವರಿಯುತ್ತವೆ ಕನ್ನಡ ಸುದ್ದಿ ಪಠ್ಯ ಸಾಲುಗಳು ಇಲ್ಲಿ ಮುಂದುವರಿಯುತ್ತವೆ ಕನ್ನಡ ಸುದ್ದಿ ಪಠ್ಯ ಸಾಲುಗಳು ಇಲ್ಲಿ ಮುಂದುವರಿಯುತ್ತವೆ ಕನ್ನಡ ಸುದ್ದಿ ಪಠ್ಯ ಸಾಲುಗಳು ಇಲ್ಲಿ ಮುಂದುವರಿಯುತ್ತವೆ ಕನ್ನಡ ಸುದ್ದಿ ಪಠ್ಯ ಸಾಲುಗಳು ಇಲ್ಲಿ ಮುಂದುವರಿಯುತ್ತವೆ ಕನ್ನಡ ಸುದ್ದಿ ಪಠ್ಯ ಸಾಲುಗಳು ಇಲ್ಲಿ ಮುಂದುವರಿಯುತ್ತವೆ ಕನ್ನಡ ಸುದ್ದಿ ಪಠ್ಯ ಸಾಲುಗಳು ಇಲ್ಲಿ ಮುಂದುವರಿಯುತ್ತವೆ ಕನ್ನಡ ಸುದ್ದಿ ಪಠ್ಯ ಸಾಲುಗಳು ಇಲ್ಲಿ ಮುಂದುವರಿಯುತ್ತವೆ ಕನ್ನಡ ಸುದ್ದಿ ಪಠ್ಯ ಸಾಲುಗಳು ಇಲ್ಲಿ ಮುಂದುವರಿಯುತ್ತವೆ ಕನ್ನಡ ಸುದ್ದಿ ಪಠ್ಯ ಸಾಲುಗಳು ಇಲ್ಲಿ ಮುಂದುವರಿಯುತ್ತವೆ ಕನ್ನಡ ಸುದ್ದಿ ಪಠ್ಯ ಸಾಲುಗಳು ಇಲ್ಲಿ ಮುಂದುವರಿಯುತ್ತವೆ ಕನ್ನಡ ಸುದ್ದಿ ಪಠ್ಯ ಸಾಲುಗಳು ಇಲ್ಲಿ ಮುಂದುವರಿಯುತ್ತವೆ ಕನ್ನಡ ಸುದ್ದಿ ಪಠ್ಯ ಸಾಲುಗಳು ಇಲ್ಲಿ ಮುಂದುವರಿಯುತ್ತವೆ ಕನ್ನಡ ಸುದ್ದಿ ಪಠ್ಯ ಸಾಲುಗಳು ಇಲ್ಲಿ ಮುಂದುವರಿಯುತ್ತವೆ ಕನ್ನಡ ಸುದ್ದಿ ಪಠ್ಯ ಸಾಲುಗಳು ಇಲ್ಲಿ ಮುಂದುವರಿಯುತ್ತವೆ ಕನ್ನಡ ಸುದ್ದಿ ಪಠ್ಯ ಸಾಲುಗಳು ಇಲ್ಲಿ ಮುಂದುವರಿಯುತ್ತವೆ ಕನ್ನಡ ಸುದ್ದಿ ಪಠ್ಯ ಸಾಲುಗಳು ಇಲ್ಲಿ ಮುಂದುವರಿಯುತ್ತವೆ ಕನ್ನಡ ಸುದ್ದಿ ಪಠ್ಯ ಸಾಲುಗಳು ಇಲ್ಲಿ ಮುಂದುವರಿಯುತ್ತವೆ ಕನ್ನಡ ಸುದ್ದಿ ಪಠ್ಯ ಸಾಲುಗಳು ಇಲ್ಲಿ ಮುಂದುವರಿಯುತ್ತವೆ ಕನ್ನಡ ಸುದ್ದಿ ಪಠ್ಯ ಸಾಲುಗಳು ಇಲ್ಲಿ ಮುಂದುವರಿಯುತ್ತವೆ ಕನ್ನಡ ಸುದ್ದಿ ಪಠ್ಯ ಸಾಲುಗಳು ಇಲ್ಲಿ ಮುಂದುವರಿಯುತ್ತವೆ ಕನ್ನಡ ಸುದ್ದಿ ಪಠ್ಯ ಸಾಲುಗಳು ಇಲ್ಲಿ ಮುಂದುವರಿಯುತ್ತವೆ ಕನ್ನಡ ಸುದ್ದಿ ಪಠ್ಯ ಸಾಲುಗಳು ಇಲ್ಲಿ ಮುಂದುವರಿಯುತ್ತವೆ
ಕನ್ನಡ ಸುದ್ದಿ ಪಠ್ಯ ಸಾಲುಗಳು ಇಲ್ಲಿ ಮುಂದುವರಿಯುತ್ತವೆ ಕನ್ನಡ ಸುದ್ದಿ ಪಠ್ಯ ಸಾಲುಗಳು ಇಲ್ಲಿ ಮುಂದುವರಿಯುತ್ತವೆ ಕನ್ನಡ ಸುದ್ದಿ ಪಠ್ಯ ಸಾಲುಗಳು ಇಲ್ಲಿ ಮುಂದುವರಿಯುತ್ತವೆ ಕನ್ನಡ ಸುದ್ದಿ ಪಠ್ಯ ಸಾಲುಗಳು ಇಲ್ಲಿ ಮುಂದುವರಿಯುತ್ತವೆ ಕನ್ನಡ ಸುದ್ದಿ ಪಠ್ಯ ಸಾಲುಗಳು ಇಲ್ಲಿ ಮುಂದುವರಿಯುತ್ತವೆ ಕನ್ನಡ ಸುದ್ದಿ ಪಠ್ಯ ಸಾಲುಗಳು ಇಲ್ಲಿ ಮುಂದುವರಿಯುತ್ತವೆ ಕನ್ನಡ ಸುದ್ದಿ ಪಠ್ಯ ಸಾಲುಗಳು ಇಲ್ಲಿ ಮುಂದುವರಿಯುತ್ತವೆ ಕನ್ನಡ ಸುದ್ದಿ ಪಠ್ಯ ಸಾಲುಗಳು ಇಲ್ಲಿ ಮುಂದುವರಿಯುತ್ತವೆ ಕನ್ನಡ ಸುದ್ದಿ ಪಠ್ಯ ಸಾಲುಗಳು ಇಲ್ಲಿ ಮುಂದುವರಿಯುತ್ತವೆ ಕನ್ನಡ ಸುದ್ದಿ ಪಠ್ಯ ಸಾಲುಗಳು ಇಲ್ಲಿ ಮುಂದುವರಿಯುತ್ತವೆ ಕನ್ನಡ ಸುದ್ದಿ ಪಠ್ಯ ಸಾಲುಗಳು ಇಲ್ಲಿ ಮುಂದುವರಿಯುತ್ತವೆ ಕನ್ನಡ ಸುದ್ದಿ ಪಠ್ಯ ಸಾಲುಗಳು ಇಲ್ಲಿ ಮುಂದುವರಿಯುತ್ತವೆ ಕನ್ನಡ ಸುದ್ದಿ ಪಠ್ಯ ಸಾಲುಗಳು ಇಲ್ಲಿ ಮುಂದುವರಿಯುತ್ತವೆ ಕನ್ನಡ ಸುದ್ದಿ ಪಠ್ಯ ಸಾಲುಗಳು ಇಲ್ಲಿ ಮುಂದುವರಿಯುತ್ತವೆ ಕನ್ನಡ ಸುದ್ದಿ ಪಠ್ಯ ಸಾಲುಗಳು ಇಲ್ಲಿ ಮುಂದುವರಿಯುತ್ತವೆ ಕನ್ನಡ ಸುದ್ದಿ ಪಠ್ಯ ಸಾಲುಗಳು ಇಲ್ಲಿ ಮುಂದುವರಿಯುತ್ತವೆ ಕನ್ನಡ ಸುದ್ದಿ ಪಠ್ಯ ಸಾಲುಗಳು ಇಲ್ಲಿ ಮುಂದುವರಿಯುತ್ತವೆ ಕನ್ನಡ ಸುದ್ದಿ ಪಠ್ಯ ಸಾಲುಗಳು ಇಲ್ಲಿ ಮುಂದುವರಿಯುತ್ತವೆ ಕನ್ನಡ ಸುದ್ದಿ ಪಠ್ಯ ಸಾಲುಗಳು ಇಲ್ಲಿ ಮುಂದುವರಿಯುತ್ತವೆ ಕನ್ನಡ ಸುದ್ದಿ ಪಠ್ಯ ಸಾಲುಗಳು ಇಲ್ಲಿ ಮುಂದುವರಿಯುತ್ತವೆ ಕನ್ನಡ ಸುದ್ದಿ ಪಠ್ಯ ಸಾಲುಗಳು ಇಲ್ಲಿ ಮುಂದುವರಿಯುತ್ತವೆ ಕನ್ನಡ ಸುದ್ದಿ ಪಠ್ಯ ಸಾಲುಗಳು ಇಲ್ಲಿ ಮುಂದುವರಿಯುತ್ತವೆ ಕನ್ನಡ ಸುದ್ದಿ ಪಠ್ಯ ಸಾಲುಗಳು ಇಲ್ಲಿ ಮುಂದುವರಿಯುತ್ತವೆ ಕನ್ನಡ ಸುದ್ದಿ ಪಠ್ಯ ಸಾಲುಗಳು ಇಲ್ಲಿ ಮುಂದುವರಿಯುತ್ತವೆ
'ಬಂಡಾಯ ಬೆಂಡುಗಳು'
ಕನ್ನಡ ಸುದ್ದಿ ಪಠ್ಯ ಸಾಲುಗಳು ಇಲ್ಲಿ ಮುಂದುವರಿಯುತ್ತವೆ ಕನ್ನಡ ಸುದ್ದಿ ಪಠ್ಯ ಸಾಲುಗಳು ಇಲ್ಲಿ ಮುಂದುವರಿಯುತ್ತವೆ ಕನ್ನಡ ಸುದ್ದಿ ಪಠ್ಯ ಸಾಲುಗಳು ಇಲ್ಲಿ ಮುಂದುವರಿಯುತ್ತವೆ ಕನ್ನಡ ಸುದ್ದಿ ಪಠ್ಯ ಸಾಲುಗಳು ಇಲ್ಲಿ ಮುಂದುವರಿಯುತ್ತವೆ ಕನ್ನಡ ಸುದ್ದಿ ಪಠ್ಯ ಸಾಲುಗಳು ಇಲ್ಲಿ ಮುಂದುವರಿಯುತ್ತವೆ ಕನ್ನಡ ಸುದ್ದಿ ಪಠ್ಯ ಸಾಲುಗಳು ಇಲ್ಲಿ ಮುಂದುವರಿಯುತ್ತವೆ ಕನ್ನಡ ಸುದ್ದಿ ಪಠ್ಯ ಸಾಲುಗಳು ಇಲ್ಲಿ ಮುಂದುವರಿಯುತ್ತವೆ ಕನ್ನಡ ಸುದ್ದಿ ಪಠ್ಯ ಸಾಲುಗಳು ಇಲ್ಲಿ ಮುಂದುವರಿಯುತ್ತವೆ ಕನ್ನಡ ಸುದ್ದಿ ಪಠ್ಯ ಸಾಲುಗಳು ಇಲ್ಲಿ ಮುಂದುವರಿಯುತ್ತವೆ ಕನ್ನಡ ಸುದ್ದಿ ಪಠ್ಯ ಸಾಲುಗಳು ಇಲ್ಲಿ ಮುಂದುವರಿಯುತ್ತವೆ ಕನ್ನಡ ಸುದ್ದಿ ಪಠ್ಯ ಸಾಲುಗಳು ಇಲ್ಲಿ ಮುಂದುವರಿಯುತ್ತವೆ ಕನ್ನಡ ಸುದ್ದಿ ಪಠ್ಯ ಸಾಲುಗಳು ಇಲ್ಲಿ ಮುಂದುವರಿಯುತ್ತವೆ ಕನ್ನಡ ಸುದ್ದಿ ಪಠ್ಯ ಸಾಲುಗಳು ಇಲ್ಲಿ ಮುಂದುವರಿಯುತ್ತವೆ ಕನ್ನಡ ಸುದ್ದಿ ಪಠ್ಯ ಸಾಲುಗಳು ಇಲ್ಲಿ ಮುಂದುವರಿಯುತ್ತವೆ ಕನ್ನಡ ಸುದ್ದಿ ಪಠ್ಯ ಸಾಲುಗಳು ಇಲ್ಲಿ ಮುಂದುವರಿಯುತ್ತವೆ ಕನ್ನಡ ಸುದ್ದಿ ಪಠ್ಯ ಸಾಲುಗಳು ಇಲ್ಲಿ ಮುಂದುವರಿಯುತ್ತವೆ ಕನ್ನಡ ಸುದ್ದಿ ಪಠ್ಯ ಸಾಲುಗಳು ಇಲ್ಲಿ ಮುಂದುವರಿಯುತ್ತವೆ ಕನ್ನಡ ಸುದ್ದಿ ಪಠ್ಯ ಸಾಲುಗಳು ಇಲ್ಲಿ ಮುಂದುವರಿಯುತ್ತವೆ ಕನ್ನಡ ಸುದ್ದಿ ಪಠ್ಯ ಸಾಲುಗಳು ಇಲ್ಲಿ ಮುಂದುವರಿಯುತ್ತವೆ ಕನ್ನಡ ಸುದ್ದಿ ಪಠ್ಯ ಸಾಲುಗಳು ಇಲ್ಲಿ ಮುಂದುವರಿಯುತ್ತವೆ ಕನ್ನಡ ಸುದ್ದಿ ಪಠ್ಯ ಸಾಲುಗಳು ಇಲ್ಲಿ ಮುಂದುವರಿಯುತ್ತವೆ ಕನ್ನಡ ಸುದ್ದಿ ಪಠ್ಯ ಸಾಲುಗಳು ಇಲ್ಲಿ ಮುಂದುವರಿಯುತ್ತವೆ ಕನ್ನಡ ಸುದ್ದಿ ಪಠ್ಯ ಸಾಲುಗಳು ಇಲ್ಲಿ ಮುಂದುವರಿಯುತ್ತವೆ ಕನ್ನಡ ಸುದ್ದಿ ಪಠ್ಯ ಸಾಲುಗಳು ಇಲ್ಲಿ ಮುಂದುವರಿಯುತ್ತವೆ
ಕನ್ನಡ ಸುದ್ದಿ ಪಠ್ಯ ಸಾಲುಗಳು ಇಲ್ಲಿ ಮುಂದುವರಿಯುತ್ತವೆ ಕನ್ನಡ ಸುದ್ದಿ ಪಠ್ಯ ಸಾಲುಗಳು ಇಲ್ಲಿ ಮುಂದುವರಿಯುತ್ತವೆ ಕನ್ನಡ ಸುದ್ದಿ ಪಠ್ಯ ಸಾಲುಗಳು ಇಲ್ಲಿ ಮುಂದುವರಿಯುತ್ತವೆ ಕನ್ನಡ ಸುದ್ದಿ ಪಠ್ಯ ಸಾಲುಗಳು ಇಲ್ಲಿ ಮುಂದುವರಿಯುತ್ತವೆ ಕನ್ನಡ ಸುದ್ದಿ ಪಠ್ಯ ಸಾಲುಗಳು ಇಲ್ಲಿ ಮುಂದುವರಿಯುತ್ತವೆ ಕನ್ನಡ ಸುದ್ದಿ ಪಠ್ಯ ಸಾಲುಗಳು ಇಲ್ಲಿ ಮುಂದುವರಿಯುತ್ತವೆ ಕನ್ನಡ ಸುದ್ದಿ ಪಠ್ಯ ಸಾಲುಗಳು ಇಲ್ಲಿ ಮುಂದುವರಿಯುತ್ತವೆ ಕನ್ನಡ ಸುದ್ದಿ ಪಠ್ಯ ಸಾಲುಗಳು ಇಲ್ಲಿ ಮುಂದುವರಿಯುತ್ತವೆ ಕನ್ನಡ ಸುದ್ದಿ ಪಠ್ಯ ಸಾಲುಗಳು ಇಲ್ಲಿ ಮುಂದುವರಿಯುತ್ತವೆ ಕನ್ನಡ ಸುದ್ದಿ ಪಠ್ಯ ಸಾಲುಗಳು ಇಲ್ಲಿ ಮುಂದುವರಿಯುತ್ತವೆ ಕನ್ನಡ ಸುದ್ದಿ ಪಠ್ಯ ಸಾಲುಗಳು ಇಲ್ಲಿ ಮುಂದುವರಿಯುತ್ತವೆ ಕನ್ನಡ ಸುದ್ದಿ ಪಠ್ಯ ಸಾಲುಗಳು ಇಲ್ಲಿ ಮುಂದುವರಿಯುತ್ತವೆ ಕನ್ನಡ ಸುದ್ದಿ ಪಠ್ಯ ಸಾಲುಗಳು ಇಲ್ಲಿ ಮುಂದುವರಿಯುತ್ತವೆ ಕನ್ನಡ ಸುದ್ದಿ ಪಠ್ಯ ಸಾಲುಗಳು ಇಲ್ಲಿ ಮುಂದುವರಿಯುತ್ತವೆ ಕನ್ನಡ ಸುದ್ದಿ ಪಠ್ಯ ಸಾಲುಗಳು ಇಲ್ಲಿ ಮುಂದುವರಿಯುತ್ತವೆ ಕನ್ನಡ ಸುದ್ದಿ ಪಠ್ಯ ಸಾಲುಗಳು ಇಲ್ಲಿ ಮುಂದುವರಿಯುತ್ತವೆ ಕನ್ನಡ ಸುದ್ದಿ ಪಠ್ಯ ಸಾಲುಗಳು ಇಲ್ಲಿ ಮುಂದುವರಿಯುತ್ತವೆ ಕನ್ನಡ ಸುದ್ದಿ ಪಠ್ಯ ಸಾಲುಗಳು ಇಲ್ಲಿ ಮುಂದುವರಿಯುತ್ತವೆ ಕನ್ನಡ ಸುದ್ದಿ ಪಠ್ಯ ಸಾಲುಗಳು ಇಲ್ಲಿ ಮುಂದುವರಿಯುತ್ತವೆ ಕನ್ನಡ ಸುದ್ದಿ ಪಠ್ಯ ಸಾಲುಗಳು ಇಲ್ಲಿ ಮುಂದುವರಿಯುತ್ತವೆ ಕನ್ನಡ ಸುದ್ದಿ ಪಠ್ಯ ಸಾಲುಗಳು ಇಲ್ಲಿ ಮುಂದುವರಿಯುತ್ತವೆ ಕನ್ನಡ ಸುದ್ದಿ ಪಠ್ಯ ಸಾಲುಗಳು ಇಲ್ಲಿ ಮುಂದುವರಿಯುತ್ತವೆ ಕನ್ನಡ ಸುದ್ದಿ ಪಠ್ಯ ಸಾಲುಗಳು ಇಲ್ಲಿ ಮುಂದುವರಿಯುತ್ತವೆ ಕನ್ನಡ ಸುದ್ದಿ ಪಠ್ಯ ಸಾಲುಗಳು ಇಲ್ಲಿ ಮುಂದುವರಿಯುತ್ತವೆ
ಕನ್ನಡ ಸುದ್ದಿ ಪಠ್ಯ ಸಾಲುಗಳು ಇಲ್ಲಿ ಮುಂದುವರಿಯುತ್ತವೆ ಕನ್ನಡ ಸುದ್ದಿ ಪಠ್ಯ ಸಾಲುಗಳು ಇಲ್ಲಿ ಮುಂದುವರಿಯುತ್ತವೆ ಕನ್ನಡ ಸುದ್ದಿ ಪಠ್ಯ ಸಾಲುಗಳು ಇಲ್ಲಿ ಮುಂದುವರಿಯುತ್ತವೆ ಕನ್ನಡ ಸುದ್ದಿ ಪಠ್ಯ ಸಾಲುಗಳು ಇಲ್ಲಿ ಮುಂದುವರಿಯುತ್ತವೆ ಕನ್ನಡ ಸುದ್ದಿ ಪಠ್ಯ ಸಾಲುಗಳು ಇಲ್ಲಿ ಮುಂದುವರಿಯುತ್ತವೆ ಕನ್ನಡ ಸುದ್ದಿ ಪಠ್ಯ ಸಾಲುಗಳು ಇಲ್ಲಿ ಮುಂದುವರಿಯುತ್ತವೆ ಕನ್ನಡ ಸುದ್ದಿ ಪಠ್ಯ ಸಾಲುಗಳು ಇಲ್ಲಿ ಮುಂದುವರಿಯುತ್ತವೆ ಕನ್ನಡ ಸುದ್ದಿ ಪಠ್ಯ ಸಾಲುಗಳು ಇಲ್ಲಿ ಮುಂದುವರಿಯುತ್ತವೆ ಕನ್ನಡ ಸುದ್ದಿ ಪಠ್ಯ ಸಾಲುಗಳು ಇಲ್ಲಿ ಮುಂದುವರಿಯುತ್ತವೆ ಕನ್ನಡ ಸುದ್ದಿ ಪಠ್ಯ ಸಾಲುಗಳು ಇಲ್ಲಿ ಮುಂದುವರಿಯುತ್ತವೆ ಕನ್ನಡ ಸುದ್ದಿ ಪಠ್ಯ ಸಾಲುಗಳು ಇಲ್ಲಿ ಮುಂದುವರಿಯುತ್ತವೆ ಕನ್ನಡ ಸುದ್ದಿ ಪಠ್ಯ ಸಾಲುಗಳು ಇಲ್ಲಿ ಮುಂದುವರಿಯುತ್ತವೆ ಕನ್ನಡ ಸುದ್ದಿ ಪಠ್ಯ ಸಾಲುಗಳು ಇಲ್ಲಿ ಮುಂದುವರಿಯುತ್ತವೆ ಕನ್ನಡ ಸುದ್ದಿ ಪಠ್ಯ ಸಾಲುಗಳು ಇಲ್ಲಿ ಮುಂದುವರಿಯುತ್ತವೆ ಕನ್ನಡ ಸುದ್ದಿ ಪಠ್ಯ ಸಾಲುಗಳು ಇಲ್ಲಿ ಮುಂದುವರಿಯುತ್ತವೆ ಕನ್ನಡ ಸುದ್ದಿ ಪಠ್ಯ ಸಾಲುಗಳು ಇಲ್ಲಿ ಮುಂದುವರಿಯುತ್ತವೆ ಕನ್ನಡ ಸುದ್ದಿ ಪಠ್ಯ ಸಾಲುಗಳು ಇಲ್ಲಿ ಮುಂದುವರಿಯುತ್ತವೆ ಕನ್ನಡ ಸುದ್ದಿ ಪಠ್ಯ ಸಾಲುಗಳು ಇಲ್ಲಿ ಮುಂದುವರಿಯುತ್ತವೆ ಕನ್ನಡ ಸುದ್ದಿ ಪಠ್ಯ ಸಾಲುಗಳು ಇಲ್ಲಿ ಮುಂದುವರಿಯುತ್ತವೆ ಕನ್ನಡ ಸುದ್ದಿ ಪಠ್ಯ ಸಾಲುಗಳು ಇಲ್ಲಿ ಮುಂದುವರಿಯುತ್ತವೆ ಕನ್ನಡ ಸುದ್ದಿ ಪಠ್ಯ ಸಾಲುಗಳು ಇಲ್ಲಿ ಮುಂದುವರಿಯುತ್ತವೆ ಕನ್ನಡ ಸುದ್ದಿ ಪಠ್ಯ ಸಾಲುಗಳು ಇಲ್ಲಿ ಮುಂದುವರಿಯುತ್ತವೆ ಕನ್ನಡ ಸುದ್ದಿ ಪಠ್ಯ ಸಾಲುಗಳು ಇಲ್ಲಿ ಮುಂದುವರಿಯುತ್ತವೆ ಕನ್ನಡ ಸುದ್ದಿ ಪಠ್ಯ ಸಾಲುಗಳು ಇಲ್ಲಿ ಮುಂದುವರಿಯುತ್ತವೆ
ಕನ್ನಡ ಸುದ್ದಿ ಪಠ್ಯ ಸಾಲುಗಳು ಇಲ್ಲಿ ಮುಂದುವರಿಯುತ್ತವೆ ಕನ್ನಡ ಸುದ್ದಿ ಪಠ್ಯ ಸಾಲುಗಳು ಇಲ್ಲಿ ಮುಂದುವರಿಯುತ್ತವೆ ಕನ್ನಡ ಸುದ್ದಿ ಪಠ್ಯ ಸಾಲುಗಳು ಇಲ್ಲಿ ಮುಂದುವರಿಯುತ್ತವೆ ಕನ್ನಡ ಸುದ್ದಿ ಪಠ್ಯ ಸಾಲುಗಳು ಇಲ್ಲಿ ಮುಂದುವರಿಯುತ್ತವೆ ಕನ್ನಡ ಸುದ್ದಿ ಪಠ್ಯ ಸಾಲುಗಳು ಇಲ್ಲಿ ಮುಂದುವರಿಯುತ್ತವೆ ಕನ್ನಡ ಸುದ್ದಿ ಪಠ್ಯ ಸಾಲುಗಳು ಇಲ್ಲಿ ಮುಂದುವರಿಯುತ್ತವೆ ಕನ್ನಡ ಸುದ್ದಿ ಪಠ್ಯ ಸಾಲುಗಳು ಇಲ್ಲಿ ಮುಂದುವರಿಯುತ್ತವೆ ಕನ್ನಡ ಸುದ್ದಿ ಪಠ್ಯ ಸಾಲುಗಳು ಇಲ್ಲಿ ಮುಂದುವರಿಯುತ್ತವೆ ಕನ್ನಡ ಸುದ್ದಿ ಪಠ್ಯ ಸಾಲುಗಳು ಇಲ್ಲಿ ಮುಂದುವರಿಯುತ್ತವೆ ಕನ್ನಡ ಸುದ್ದಿ ಪಠ್ಯ ಸಾಲುಗಳು ಇಲ್ಲಿ ಮುಂದುವರಿಯುತ್ತವೆ ಕನ್ನಡ ಸುದ್ದಿ ಪಠ್ಯ ಸಾಲುಗಳು ಇಲ್ಲಿ ಮುಂದುವರಿಯುತ್ತವೆ ಕನ್ನಡ ಸುದ್ದಿ ಪಠ್ಯ ಸಾಲುಗಳು ಇಲ್ಲಿ ಮುಂದುವರಿಯುತ್ತವೆ ಕನ್ನಡ ಸುದ್ದಿ ಪಠ್ಯ ಸಾಲುಗಳು ಇಲ್ಲಿ ಮುಂದುವರಿಯುತ್ತವೆ ಕನ್ನಡ ಸುದ್ದಿ ಪಠ್ಯ ಸಾಲುಗಳು ಇಲ್ಲಿ ಮುಂದುವರಿಯುತ್ತವೆ ಕನ್ನಡ ಸುದ್ದಿ ಪಠ್ಯ ಸಾಲುಗಳು ಇಲ್ಲಿ ಮುಂದುವರಿಯುತ್ತವೆ ಕನ್ನಡ ಸುದ್ದಿ ಪಠ್ಯ ಸಾಲುಗಳು ಇಲ್ಲಿ ಮುಂದುವರಿಯುತ್ತವೆ ಕನ್ನಡ ಸುದ್ದಿ ಪಠ್ಯ ಸಾಲುಗಳು ಇಲ್ಲಿ ಮುಂದುವರಿಯುತ್ತವೆ ಕನ್ನಡ ಸುದ್ದಿ ಪಠ್ಯ ಸಾಲುಗಳು ಇಲ್ಲಿ ಮುಂದುವರಿಯುತ್ತವೆ ಕನ್ನಡ ಸುದ್ದಿ ಪಠ್ಯ ಸಾಲುಗಳು ಇಲ್ಲಿ ಮುಂದುವರಿಯುತ್ತವೆ ಕನ್ನಡ ಸುದ್ದಿ ಪಠ್ಯ ಸಾಲುಗಳು ಇಲ್ಲಿ ಮುಂದುವರಿಯುತ್ತವೆ ಕನ್ನಡ ಸುದ್ದಿ ಪಠ್ಯ ಸಾಲುಗಳು ಇಲ್ಲಿ ಮುಂದುವರಿಯುತ್ತವೆ ಕನ್ನಡ ಸುದ್ದಿ ಪಠ್ಯ ಸಾಲುಗಳು ಇಲ್ಲಿ ಮುಂದುವರಿಯುತ್ತವೆ ಕನ್ನಡ ಸುದ್ದಿ ಪಠ್ಯ ಸಾಲುಗಳು ಇಲ್ಲಿ ಮುಂದುವರಿಯುತ್ತವೆ ಕನ್ನಡ ಸುದ್ದಿ ಪಠ್ಯ ಸಾಲುಗಳು ಇಲ್ಲಿ ಮುಂದುವರಿಯುತ್ತವೆ
ಸುನ್ನಿ ಸ್ಟೂಡೆಂಟ್ಸ್ ಫೆಡರೇಶನ್‌ನಿಂದ ಕಾರ್ಯಕ್ರಮ
ಇಂದು ಮನಸ್ಸುಗಳ ಸೌಹಾರ್ದ ನಡಿಗೆ
■
ಕನ್ನಡ ಸುದ್ದಿ ಪಠ್ಯ ಸಾಲುಗಳು ಇಲ್ಲಿ ಮುಂದುವರಿಯುತ್ತವೆ ಕನ್ನಡ ಸುದ್ದಿ ಪಠ್ಯ ಸಾಲುಗಳು ಇಲ್ಲಿ ಮುಂದುವರಿಯುತ್ತವೆ ಕನ್ನಡ ಸುದ್ದಿ ಪಠ್ಯ ಸಾಲುಗಳು ಇಲ್ಲಿ ಮುಂದುವರಿಯುತ್ತವೆ ಕನ್ನಡ ಸುದ್ದಿ ಪಠ್ಯ ಸಾಲುಗಳು ಇಲ್ಲಿ ಮುಂದುವರಿಯುತ್ತವೆ ಕನ್ನಡ ಸುದ್ದಿ ಪಠ್ಯ ಸಾಲುಗಳು ಇಲ್ಲಿ ಮುಂದುವರಿಯುತ್ತವೆ ಕನ್ನಡ ಸುದ್ದಿ ಪಠ್ಯ ಸಾಲುಗಳು ಇಲ್ಲಿ ಮುಂದುವರಿಯುತ್ತವೆ ಕನ್ನಡ ಸುದ್ದಿ ಪಠ್ಯ ಸಾಲುಗಳು ಇಲ್ಲಿ ಮುಂದುವರಿಯುತ್ತವೆ ಕನ್ನಡ ಸುದ್ದಿ ಪಠ್ಯ ಸಾಲುಗಳು ಇಲ್ಲಿ ಮುಂದುವರಿಯುತ್ತವೆ ಕನ್ನಡ ಸುದ್ದಿ ಪಠ್ಯ ಸಾಲುಗಳು ಇಲ್ಲಿ ಮುಂದುವರಿಯುತ್ತವೆ ಕನ್ನಡ ಸುದ್ದಿ ಪಠ್ಯ ಸಾಲುಗಳು ಇಲ್ಲಿ ಮುಂದುವರಿಯುತ್ತವೆ ಕನ್ನಡ ಸುದ್ದಿ ಪಠ್ಯ ಸಾಲುಗಳು ಇಲ್ಲಿ ಮುಂದುವರಿಯುತ್ತವೆ ಕನ್ನಡ ಸುದ್ದಿ ಪಠ್ಯ ಸಾಲುಗಳು ಇಲ್ಲಿ ಮುಂದುವರಿಯುತ್ತವೆ ಕನ್ನಡ ಸುದ್ದಿ ಪಠ್ಯ ಸಾಲುಗಳು ಇಲ್ಲಿ ಮುಂದುವರಿಯುತ್ತವೆ ಕನ್ನಡ ಸುದ್ದಿ ಪಠ್ಯ ಸಾಲುಗಳು ಇಲ್ಲಿ ಮುಂದುವರಿಯುತ್ತವೆ ಕನ್ನಡ ಸುದ್ದಿ ಪಠ್ಯ ಸಾಲುಗಳು ಇಲ್ಲಿ ಮುಂದುವರಿಯುತ್ತವೆ ಕನ್ನಡ ಸುದ್ದಿ ಪಠ್ಯ ಸಾಲುಗಳು ಇಲ್ಲಿ ಮುಂದುವರಿಯುತ್ತವೆ ಕನ್ನಡ ಸುದ್ದಿ ಪಠ್ಯ ಸಾಲುಗಳು ಇಲ್ಲಿ ಮುಂದುವರಿಯುತ್ತವೆ ಕನ್ನಡ ಸುದ್ದಿ ಪಠ್ಯ ಸಾಲುಗಳು ಇಲ್ಲಿ ಮುಂದುವರಿಯುತ್ತವೆ ಕನ್ನಡ ಸುದ್ದಿ ಪಠ್ಯ ಸಾಲುಗಳು ಇಲ್ಲಿ ಮುಂದುವರಿಯುತ್ತವೆ ಕನ್ನಡ ಸುದ್ದಿ ಪಠ್ಯ ಸಾಲುಗಳು ಇಲ್ಲಿ ಮುಂದುವರಿಯುತ್ತವೆ ಕನ್ನಡ ಸುದ್ದಿ ಪಠ್ಯ ಸಾಲುಗಳು ಇಲ್ಲಿ ಮುಂದುವರಿಯುತ್ತವೆ ಕನ್ನಡ ಸುದ್ದಿ ಪಠ್ಯ ಸಾಲುಗಳು ಇಲ್ಲಿ ಮುಂದುವರಿಯುತ್ತವೆ ಕನ್ನಡ ಸುದ್ದಿ ಪಠ್ಯ ಸಾಲುಗಳು ಇಲ್ಲಿ ಮುಂದುವರಿಯುತ್ತವೆ ಕನ್ನಡ ಸುದ್ದಿ ಪಠ್ಯ ಸಾಲುಗಳು ಇಲ್ಲಿ ಮುಂದುವರಿಯುತ್ತವೆ
ಕೊಪ್ಪಳ ಸುನ್ನಿ ಸ್ಟೂಡೆಂಟ್ಸ್ ಫೆಡರೇಶನ್ ವತಿಯಿಂದ ಸೌಹಾರ್ದ ನಡಿಗೆ ಕುರಿತು ಮಾಹಿತಿ ನೀಡಿದರು
ರಾಷ್ಟ್ರೀಯ ಕೊಡುಗೆ ಹೊರುವ ಪೀಠ
ಕನ್ನಡ ಸುದ್ದಿ ಪಠ್ಯ ಸಾಲುಗಳು ಇಲ್ಲಿ ಮುಂದುವರಿಯುತ್ತವೆ ಕನ್ನಡ ಸುದ್ದಿ ಪಠ್ಯ ಸಾಲುಗಳು ಇಲ್ಲಿ ಮುಂದುವರಿಯುತ್ತವೆ ಕನ್ನಡ ಸುದ್ದಿ ಪಠ್ಯ ಸಾಲುಗಳು ಇಲ್ಲಿ ಮುಂದುವರಿಯುತ್ತವೆ ಕನ್ನಡ ಸುದ್ದಿ ಪಠ್ಯ ಸಾಲುಗಳು ಇಲ್ಲಿ ಮುಂದುವರಿಯುತ್ತವೆ ಕನ್ನಡ ಸುದ್ದಿ ಪಠ್ಯ ಸಾಲುಗಳು ಇಲ್ಲಿ ಮುಂದುವರಿಯುತ್ತವೆ ಕನ್ನಡ ಸುದ್ದಿ ಪಠ್ಯ ಸಾಲುಗಳು ಇಲ್ಲಿ ಮುಂದುವರಿಯುತ್ತವೆ ಕನ್ನಡ ಸುದ್ದಿ ಪಠ್ಯ ಸಾಲುಗಳು ಇಲ್ಲಿ ಮುಂದುವರಿಯುತ್ತವೆ ಕನ್ನಡ ಸುದ್ದಿ ಪಠ್ಯ ಸಾಲುಗಳು ಇಲ್ಲಿ ಮುಂದುವರಿಯುತ್ತವೆ ಕನ್ನಡ ಸುದ್ದಿ ಪಠ್ಯ ಸಾಲುಗಳು ಇಲ್ಲಿ ಮುಂದುವರಿಯುತ್ತವೆ ಕನ್ನಡ ಸುದ್ದಿ ಪಠ್ಯ ಸಾಲುಗಳು ಇಲ್ಲಿ ಮುಂದುವರಿಯುತ್ತವೆ ಕನ್ನಡ ಸುದ್ದಿ ಪಠ್ಯ ಸಾಲುಗಳು ಇಲ್ಲಿ ಮುಂದುವರಿಯುತ್ತವೆ ಕನ್ನಡ ಸುದ್ದಿ ಪಠ್ಯ ಸಾಲುಗಳು ಇಲ್ಲಿ ಮುಂದುವರಿಯುತ್ತವೆ ಕನ್ನಡ ಸುದ್ದಿ ಪಠ್ಯ ಸಾಲುಗಳು ಇಲ್ಲಿ ಮುಂದುವರಿಯುತ್ತವೆ ಕನ್ನಡ ಸುದ್ದಿ ಪಠ್ಯ ಸಾಲುಗಳು ಇಲ್ಲಿ ಮುಂದುವರಿಯುತ್ತವೆ ಕನ್ನಡ ಸುದ್ದಿ ಪಠ್ಯ ಸಾಲುಗಳು ಇಲ್ಲಿ ಮುಂದುವರಿಯುತ್ತವೆ ಕನ್ನಡ ಸುದ್ದಿ ಪಠ್ಯ ಸಾಲುಗಳು ಇಲ್ಲಿ ಮುಂದುವರಿಯುತ್ತವೆ ಕನ್ನಡ ಸುದ್ದಿ ಪಠ್ಯ ಸಾಲುಗಳು ಇಲ್ಲಿ ಮುಂದುವರಿಯುತ್ತವೆ ಕನ್ನಡ ಸುದ್ದಿ ಪಠ್ಯ ಸಾಲುಗಳು ಇಲ್ಲಿ ಮುಂದುವರಿಯುತ್ತವೆ ಕನ್ನಡ ಸುದ್ದಿ ಪಠ್ಯ ಸಾಲುಗಳು ಇಲ್ಲಿ ಮುಂದುವರಿಯುತ್ತವೆ ಕನ್ನಡ ಸುದ್ದಿ ಪಠ್ಯ ಸಾಲುಗಳು ಇಲ್ಲಿ ಮುಂದುವರಿಯುತ್ತವೆ ಕನ್ನಡ ಸುದ್ದಿ ಪಠ್ಯ ಸಾಲುಗಳು ಇಲ್ಲಿ ಮುಂದುವರಿಯುತ್ತವೆ ಕನ್ನಡ ಸುದ್ದಿ ಪಠ್ಯ ಸಾಲುಗಳು ಇಲ್ಲಿ ಮುಂದುವರಿಯುತ್ತವೆ ಕನ್ನಡ ಸುದ್ದಿ ಪಠ್ಯ ಸಾಲುಗಳು ಇಲ್ಲಿ ಮುಂದುವರಿಯುತ್ತವೆ ಕನ್ನಡ ಸುದ್ದಿ ಪಠ್ಯ ಸಾಲುಗಳು ಇಲ್ಲಿ ಮುಂದುವರಿಯುತ್ತವೆ
ಕನ್ನಡ ಸುದ್ದಿ ಪಠ್ಯ ಸಾಲುಗಳು ಇಲ್ಲಿ ಮುಂದುವರಿಯುತ್ತವೆ ಕನ್ನಡ ಸುದ್ದಿ ಪಠ್ಯ ಸಾಲುಗಳು ಇಲ್ಲಿ ಮುಂದುವರಿಯುತ್ತವೆ ಕನ್ನಡ ಸುದ್ದಿ ಪಠ್ಯ ಸಾಲುಗಳು ಇಲ್ಲಿ ಮುಂದುವರಿಯುತ್ತವೆ ಕನ್ನಡ ಸುದ್ದಿ ಪಠ್ಯ ಸಾಲುಗಳು ಇಲ್ಲಿ ಮುಂದುವರಿಯುತ್ತವೆ ಕನ್ನಡ ಸುದ್ದಿ ಪಠ್ಯ ಸಾಲುಗಳು ಇಲ್ಲಿ ಮುಂದುವರಿಯುತ್ತವೆ ಕನ್ನಡ ಸುದ್ದಿ ಪಠ್ಯ ಸಾಲುಗಳು ಇಲ್ಲಿ ಮುಂದುವರಿಯುತ್ತವೆ ಕನ್ನಡ ಸುದ್ದಿ ಪಠ್ಯ ಸಾಲುಗಳು ಇಲ್ಲಿ ಮುಂದುವರಿಯುತ್ತವೆ ಕನ್ನಡ ಸುದ್ದಿ ಪಠ್ಯ ಸಾಲುಗಳು ಇಲ್ಲಿ ಮುಂದುವರಿಯುತ್ತವೆ ಕನ್ನಡ ಸುದ್ದಿ ಪಠ್ಯ ಸಾಲುಗಳು ಇಲ್ಲಿ ಮುಂದುವರಿಯುತ್ತವೆ ಕನ್ನಡ ಸುದ್ದಿ ಪಠ್ಯ ಸಾಲುಗಳು ಇಲ್ಲಿ ಮುಂದುವರಿಯುತ್ತವೆ ಕನ್ನಡ ಸುದ್ದಿ ಪಠ್ಯ ಸಾಲುಗಳು ಇಲ್ಲಿ ಮುಂದುವರಿಯುತ್ತವೆ ಕನ್ನಡ ಸುದ್ದಿ ಪಠ್ಯ ಸಾಲುಗಳು ಇಲ್ಲಿ ಮುಂದುವರಿಯುತ್ತವೆ ಕನ್ನಡ ಸುದ್ದಿ ಪಠ್ಯ ಸಾಲುಗಳು ಇಲ್ಲಿ ಮುಂದುವರಿಯುತ್ತವೆ ಕನ್ನಡ ಸುದ್ದಿ ಪಠ್ಯ ಸಾಲುಗಳು ಇಲ್ಲಿ ಮುಂದುವರಿಯುತ್ತವೆ ಕನ್ನಡ ಸುದ್ದಿ ಪಠ್ಯ ಸಾಲುಗಳು ಇಲ್ಲಿ ಮುಂದುವರಿಯುತ್ತವೆ ಕನ್ನಡ ಸುದ್ದಿ ಪಠ್ಯ ಸಾಲುಗಳು ಇಲ್ಲಿ ಮುಂದುವರಿಯುತ್ತವೆ ಕನ್ನಡ ಸುದ್ದಿ ಪಠ್ಯ ಸಾಲುಗಳು ಇಲ್ಲಿ ಮುಂದುವರಿಯುತ್ತವೆ ಕನ್ನಡ ಸುದ್ದಿ ಪಠ್ಯ ಸಾಲುಗಳು ಇಲ್ಲಿ ಮುಂದುವರಿಯುತ್ತವೆ ಕನ್ನಡ ಸುದ್ದಿ ಪಠ್ಯ ಸಾಲುಗಳು ಇಲ್ಲಿ ಮುಂದುವರಿಯುತ್ತವೆ ಕನ್ನಡ ಸುದ್ದಿ ಪಠ್ಯ ಸಾಲುಗಳು ಇಲ್ಲಿ ಮುಂದುವರಿಯುತ್ತವೆ ಕನ್ನಡ ಸುದ್ದಿ ಪಠ್ಯ ಸಾಲುಗಳು ಇಲ್ಲಿ ಮುಂದುವರಿಯುತ್ತವೆ ಕನ್ನಡ ಸುದ್ದಿ ಪಠ್ಯ ಸಾಲುಗಳು ಇಲ್ಲಿ ಮುಂದುವರಿಯುತ್ತವೆ ಕನ್ನಡ ಸುದ್ದಿ ಪಠ್ಯ ಸಾಲುಗಳು ಇಲ್ಲಿ ಮುಂದುವರಿಯುತ್ತವೆ ಕನ್ನಡ ಸುದ್ದಿ ಪಠ್ಯ ಸಾಲುಗಳು ಇಲ್ಲಿ ಮುಂದುವರಿಯುತ್ತವೆ
ಭಾಗ್ಯನಗರದಲ್ಲಿ ಸರ್ಕಾರಿ ಪದವಿ ಕಾಲೇಜು ಆರಂಭಕ್ಕೆ ಶಿಫಾರಸು
ಕನ್ನಡ ಸುದ್ದಿ ಪಠ್ಯ ಸಾಲುಗಳು ಇಲ್ಲಿ ಮುಂದುವರಿಯುತ್ತವೆ ಕನ್ನಡ ಸುದ್ದಿ ಪಠ್ಯ ಸಾಲುಗಳು ಇಲ್ಲಿ ಮುಂದುವರಿಯುತ್ತವೆ ಕನ್ನಡ ಸುದ್ದಿ ಪಠ್ಯ ಸಾಲುಗಳು ಇಲ್ಲಿ ಮುಂದುವರಿಯುತ್ತವೆ ಕನ್ನಡ ಸುದ್ದಿ ಪಠ್ಯ ಸಾಲುಗಳು ಇಲ್ಲಿ ಮುಂದುವರಿಯುತ್ತವೆ ಕನ್ನಡ ಸುದ್ದಿ ಪಠ್ಯ ಸಾಲುಗಳು ಇಲ್ಲಿ ಮುಂದುವರಿಯುತ್ತವೆ ಕನ್ನಡ ಸುದ್ದಿ ಪಠ್ಯ ಸಾಲುಗಳು ಇಲ್ಲಿ ಮುಂದುವರಿಯುತ್ತವೆ ಕನ್ನಡ ಸುದ್ದಿ ಪಠ್ಯ ಸಾಲುಗಳು ಇಲ್ಲಿ ಮುಂದುವರಿಯುತ್ತವೆ ಕನ್ನಡ ಸುದ್ದಿ ಪಠ್ಯ ಸಾಲುಗಳು ಇಲ್ಲಿ ಮುಂದುವರಿಯುತ್ತವೆ ಕನ್ನಡ ಸುದ್ದಿ ಪಠ್ಯ ಸಾಲುಗಳು ಇಲ್ಲಿ ಮುಂದುವರಿಯುತ್ತವೆ ಕನ್ನಡ ಸುದ್ದಿ ಪಠ್ಯ ಸಾಲುಗಳು ಇಲ್ಲಿ ಮುಂದುವರಿಯುತ್ತವೆ ಕನ್ನಡ ಸುದ್ದಿ ಪಠ್ಯ ಸಾಲುಗಳು ಇಲ್ಲಿ ಮುಂದುವರಿಯುತ್ತವೆ ಕನ್ನಡ ಸುದ್ದಿ ಪಠ್ಯ ಸಾಲುಗಳು ಇಲ್ಲಿ ಮುಂದುವರಿಯುತ್ತವೆ ಕನ್ನಡ ಸುದ್ದಿ ಪಠ್ಯ ಸಾಲುಗಳು ಇಲ್ಲಿ ಮುಂದುವರಿಯುತ್ತವೆ ಕನ್ನಡ ಸುದ್ದಿ ಪಠ್ಯ ಸಾಲುಗಳು ಇಲ್ಲಿ ಮುಂದುವರಿಯುತ್ತವೆ ಕನ್ನಡ ಸುದ್ದಿ ಪಠ್ಯ ಸಾಲುಗಳು ಇಲ್ಲಿ ಮುಂದುವರಿಯುತ್ತವೆ ಕನ್ನಡ ಸುದ್ದಿ ಪಠ್ಯ ಸಾಲುಗಳು ಇಲ್ಲಿ ಮುಂದುವರಿಯುತ್ತವೆ ಕನ್ನಡ ಸುದ್ದಿ ಪಠ್ಯ ಸಾಲುಗಳು ಇಲ್ಲಿ ಮುಂದುವರಿಯುತ್ತವೆ ಕನ್ನಡ ಸುದ್ದಿ ಪಠ್ಯ ಸಾಲುಗಳು ಇಲ್ಲಿ ಮುಂದುವರಿಯುತ್ತವೆ ಕನ್ನಡ ಸುದ್ದಿ ಪಠ್ಯ ಸಾಲುಗಳು ಇಲ್ಲಿ ಮುಂದುವರಿಯುತ್ತವೆ ಕನ್ನಡ ಸುದ್ದಿ ಪಠ್ಯ ಸಾಲುಗಳು ಇಲ್ಲಿ ಮುಂದುವರಿಯುತ್ತವೆ ಕನ್ನಡ ಸುದ್ದಿ ಪಠ್ಯ ಸಾಲುಗಳು ಇಲ್ಲಿ ಮುಂದುವರಿಯುತ್ತವೆ ಕನ್ನಡ ಸುದ್ದಿ ಪಠ್ಯ ಸಾಲುಗಳು ಇಲ್ಲಿ ಮುಂದುವರಿಯುತ್ತವೆ ಕನ್ನಡ ಸುದ್ದಿ ಪಠ್ಯ ಸಾಲುಗಳು ಇಲ್ಲಿ ಮುಂದುವರಿಯುತ್ತವೆ ಕನ್ನಡ ಸುದ್ದಿ ಪಠ್ಯ ಸಾಲುಗಳು ಇಲ್ಲಿ ಮುಂದುವರಿಯುತ್ತವೆ
ಕಾಲೇಜು ಆರಂಭಕ್ಕೆ ಸರ್ಕಾರದಿಂದ ಮಾಹಿತಿ ಕೇಳಿಕೆ
ವಿದ್ಯಾರ್ಥಿಗಳ ಸಂಖ್ಯೆ ಹೆಚ್ಚಳ
ಜಾಗ ನಿಗದಿ ಮಾಡಲು ಸೂಚನೆ
ಕನ್ನಡ ಸುದ್ದಿ ಪಠ್ಯ ಸಾಲುಗಳು ಇಲ್ಲಿ ಮುಂದುವರಿಯುತ್ತವೆ ಕನ್ನಡ ಸುದ್ದಿ ಪಠ್ಯ ಸಾಲುಗಳು ಇಲ್ಲಿ ಮುಂದುವರಿಯುತ್ತವೆ ಕನ್ನಡ ಸುದ್ದಿ ಪಠ್ಯ ಸಾಲುಗಳು ಇಲ್ಲಿ ಮುಂದುವರಿಯುತ್ತವೆ ಕನ್ನಡ ಸುದ್ದಿ ಪಠ್ಯ ಸಾಲುಗಳು ಇಲ್ಲಿ ಮುಂದುವರಿಯುತ್ತವೆ ಕನ್ನಡ ಸುದ್ದಿ ಪಠ್ಯ ಸಾಲುಗಳು ಇಲ್ಲಿ ಮುಂದುವರಿಯುತ್ತವೆ ಕನ್ನಡ ಸುದ್ದಿ ಪಠ್ಯ ಸಾಲುಗಳು ಇಲ್ಲಿ ಮುಂದುವರಿಯುತ್ತವೆ ಕನ್ನಡ ಸುದ್ದಿ ಪಠ್ಯ ಸಾಲುಗಳು ಇಲ್ಲಿ ಮುಂದುವರಿಯುತ್ತವೆ ಕನ್ನಡ ಸುದ್ದಿ ಪಠ್ಯ ಸಾಲುಗಳು ಇಲ್ಲಿ ಮುಂದುವರಿಯುತ್ತವೆ ಕನ್ನಡ ಸುದ್ದಿ ಪಠ್ಯ ಸಾಲುಗಳು ಇಲ್ಲಿ ಮುಂದುವರಿಯುತ್ತವೆ ಕನ್ನಡ ಸುದ್ದಿ ಪಠ್ಯ ಸಾಲುಗಳು ಇಲ್ಲಿ ಮುಂದುವರಿಯುತ್ತವೆ ಕನ್ನಡ ಸುದ್ದಿ ಪಠ್ಯ ಸಾಲುಗಳು ಇಲ್ಲಿ ಮುಂದುವರಿಯುತ್ತವೆ ಕನ್ನಡ ಸುದ್ದಿ ಪಠ್ಯ ಸಾಲುಗಳು ಇಲ್ಲಿ ಮುಂದುವರಿಯುತ್ತವೆ ಕನ್ನಡ ಸುದ್ದಿ ಪಠ್ಯ ಸಾಲುಗಳು ಇಲ್ಲಿ ಮುಂದುವರಿಯುತ್ತವೆ ಕನ್ನಡ ಸುದ್ದಿ ಪಠ್ಯ ಸಾಲುಗಳು ಇಲ್ಲಿ ಮುಂದುವರಿಯುತ್ತವೆ ಕನ್ನಡ ಸುದ್ದಿ ಪಠ್ಯ ಸಾಲುಗಳು ಇಲ್ಲಿ ಮುಂದುವರಿಯುತ್ತವೆ ಕನ್ನಡ ಸುದ್ದಿ ಪಠ್ಯ ಸಾಲುಗಳು ಇಲ್ಲಿ ಮುಂದುವರಿಯುತ್ತವೆ ಕನ್ನಡ ಸುದ್ದಿ ಪಠ್ಯ ಸಾಲುಗಳು ಇಲ್ಲಿ ಮುಂದುವರಿಯುತ್ತವೆ ಕನ್ನಡ ಸುದ್ದಿ ಪಠ್ಯ ಸಾಲುಗಳು ಇಲ್ಲಿ ಮುಂದುವರಿಯುತ್ತವೆ ಕನ್ನಡ ಸುದ್ದಿ ಪಠ್ಯ ಸಾಲುಗಳು ಇಲ್ಲಿ ಮುಂದುವರಿಯುತ್ತವೆ ಕನ್ನಡ ಸುದ್ದಿ ಪಠ್ಯ ಸಾಲುಗಳು ಇಲ್ಲಿ ಮುಂದುವರಿಯುತ್ತವೆ ಕನ್ನಡ ಸುದ್ದಿ ಪಠ್ಯ ಸಾಲುಗಳು ಇಲ್ಲಿ ಮುಂದುವರಿಯುತ್ತವೆ ಕನ್ನಡ ಸುದ್ದಿ ಪಠ್ಯ ಸಾಲುಗಳು ಇಲ್ಲಿ ಮುಂದುವರಿಯುತ್ತವೆ ಕನ್ನಡ ಸುದ್ದಿ ಪಠ್ಯ ಸಾಲುಗಳು ಇಲ್ಲಿ ಮುಂದುವರಿಯುತ್ತವೆ ಕನ್ನಡ ಸುದ್ದಿ ಪಠ್ಯ ಸಾಲುಗಳು ಇಲ್ಲಿ ಮುಂದುವರಿಯುತ್ತವೆ
ಕನ್ನಡ ಸುದ್ದಿ ಪಠ್ಯ ಸಾಲುಗಳು ಇಲ್ಲಿ ಮುಂದುವರಿಯುತ್ತವೆ ಕನ್ನಡ ಸುದ್ದಿ ಪಠ್ಯ ಸಾಲುಗಳು ಇಲ್ಲಿ ಮುಂದುವರಿಯುತ್ತವೆ ಕನ್ನಡ ಸುದ್ದಿ ಪಠ್ಯ ಸಾಲುಗಳು ಇಲ್ಲಿ ಮುಂದುವರಿಯುತ್ತವೆ ಕನ್ನಡ ಸುದ್ದಿ ಪಠ್ಯ ಸಾಲುಗಳು ಇಲ್ಲಿ ಮುಂದುವರಿಯುತ್ತವೆ ಕನ್ನಡ ಸುದ್ದಿ ಪಠ್ಯ ಸಾಲುಗಳು ಇಲ್ಲಿ ಮುಂದುವರಿಯುತ್ತವೆ ಕನ್ನಡ ಸುದ್ದಿ ಪಠ್ಯ ಸಾಲುಗಳು ಇಲ್ಲಿ ಮುಂದುವರಿಯುತ್ತವೆ ಕನ್ನಡ ಸುದ್ದಿ ಪಠ್ಯ ಸಾಲುಗಳು ಇಲ್ಲಿ ಮುಂದುವರಿಯುತ್ತವೆ ಕನ್ನಡ ಸುದ್ದಿ ಪಠ್ಯ ಸಾಲುಗಳು ಇಲ್ಲಿ ಮುಂದುವರಿಯುತ್ತವೆ ಕನ್ನಡ ಸುದ್ದಿ ಪಠ್ಯ ಸಾಲುಗಳು ಇಲ್ಲಿ ಮುಂದುವರಿಯುತ್ತವೆ ಕನ್ನಡ ಸುದ್ದಿ ಪಠ್ಯ ಸಾಲುಗಳು ಇಲ್ಲಿ ಮುಂದುವರಿಯುತ್ತವೆ ಕನ್ನಡ ಸುದ್ದಿ ಪಠ್ಯ ಸಾಲುಗಳು ಇಲ್ಲಿ ಮುಂದುವರಿಯುತ್ತವೆ ಕನ್ನಡ ಸುದ್ದಿ ಪಠ್ಯ ಸಾಲುಗಳು ಇಲ್ಲಿ ಮುಂದುವರಿಯುತ್ತವೆ ಕನ್ನಡ ಸುದ್ದಿ ಪಠ್ಯ ಸಾಲುಗಳು ಇಲ್ಲಿ ಮುಂದುವರಿಯುತ್ತವೆ ಕನ್ನಡ ಸುದ್ದಿ ಪಠ್ಯ ಸಾಲುಗಳು ಇಲ್ಲಿ ಮುಂದುವರಿಯುತ್ತವೆ ಕನ್ನಡ ಸುದ್ದಿ ಪಠ್ಯ ಸಾಲುಗಳು ಇಲ್ಲಿ ಮುಂದುವರಿಯುತ್ತವೆ ಕನ್ನಡ ಸುದ್ದಿ ಪಠ್ಯ ಸಾಲುಗಳು ಇಲ್ಲಿ ಮುಂದುವರಿಯುತ್ತವೆ ಕನ್ನಡ ಸುದ್ದಿ ಪಠ್ಯ ಸಾಲುಗಳು ಇಲ್ಲಿ ಮುಂದುವರಿಯುತ್ತವೆ ಕನ್ನಡ ಸುದ್ದಿ ಪಠ್ಯ ಸಾಲುಗಳು ಇಲ್ಲಿ ಮುಂದುವರಿಯುತ್ತವೆ ಕನ್ನಡ ಸುದ್ದಿ ಪಠ್ಯ ಸಾಲುಗಳು ಇಲ್ಲಿ ಮುಂದುವರಿಯುತ್ತವೆ ಕನ್ನಡ ಸುದ್ದಿ ಪಠ್ಯ ಸಾಲುಗಳು ಇಲ್ಲಿ ಮುಂದುವರಿಯುತ್ತವೆ ಕನ್ನಡ ಸುದ್ದಿ ಪಠ್ಯ ಸಾಲುಗಳು ಇಲ್ಲಿ ಮುಂದುವರಿಯುತ್ತವೆ ಕನ್ನಡ ಸುದ್ದಿ ಪಠ್ಯ ಸಾಲುಗಳು ಇಲ್ಲಿ ಮುಂದುವರಿಯುತ್ತವೆ ಕನ್ನಡ ಸುದ್ದಿ ಪಠ್ಯ ಸಾಲುಗಳು ಇಲ್ಲಿ ಮುಂದುವರಿಯುತ್ತವೆ ಕನ್ನಡ ಸುದ್ದಿ ಪಠ್ಯ ಸಾಲುಗಳು ಇಲ್ಲಿ ಮುಂದುವರಿಯುತ್ತವೆ
ಕುಕನೂರಿನಲ್ಲಿ ನಡೆದ ಘಟನೆ	ಹೆಚ್ಚುವರಿ ಪೊಲೀಸ್ ಪ್ರಕರಣ
ಬಸ್‌ನಲ್ಲಿ 3 ರೈತರ ಜೇಬು ಕತ್ತರಿಸಿ ಹಣ ಕದ್ದ ಖದೀಮರು
ಕನ್ನಡ ಸುದ್ದಿ ಪಠ್ಯ ಸಾಲುಗಳು ಇಲ್ಲಿ ಮುಂದುವರಿಯುತ್ತವೆ ಕನ್ನಡ ಸುದ್ದಿ ಪಠ್ಯ ಸಾಲುಗಳು ಇಲ್ಲಿ ಮುಂದುವರಿಯುತ್ತವೆ ಕನ್ನಡ ಸುದ್ದಿ ಪಠ್ಯ ಸಾಲುಗಳು ಇಲ್ಲಿ ಮುಂದುವರಿಯುತ್ತವೆ ಕನ್ನಡ ಸುದ್ದಿ ಪಠ್ಯ ಸಾಲುಗಳು ಇಲ್ಲಿ ಮುಂದುವರಿಯುತ್ತವೆ ಕನ್ನಡ ಸುದ್ದಿ ಪಠ್ಯ ಸಾಲುಗಳು ಇಲ್ಲಿ ಮುಂದುವರಿಯುತ್ತವೆ ಕನ್ನಡ ಸುದ್ದಿ ಪಠ್ಯ ಸಾಲುಗಳು ಇಲ್ಲಿ ಮುಂದುವರಿಯುತ್ತವೆ ಕನ್ನಡ ಸುದ್ದಿ ಪಠ್ಯ ಸಾಲುಗಳು ಇಲ್ಲಿ ಮುಂದುವರಿಯುತ್ತವೆ ಕನ್ನಡ ಸುದ್ದಿ ಪಠ್ಯ ಸಾಲುಗಳು ಇಲ್ಲಿ ಮುಂದುವರಿಯುತ್ತವೆ ಕನ್ನಡ ಸುದ್ದಿ ಪಠ್ಯ ಸಾಲುಗಳು ಇಲ್ಲಿ ಮುಂದುವರಿಯುತ್ತವೆ ಕನ್ನಡ ಸುದ್ದಿ ಪಠ್ಯ ಸಾಲುಗಳು ಇಲ್ಲಿ ಮುಂದುವರಿಯುತ್ತವೆ ಕನ್ನಡ ಸುದ್ದಿ ಪಠ್ಯ ಸಾಲುಗಳು ಇಲ್ಲಿ ಮುಂದುವರಿಯುತ್ತವೆ ಕನ್ನಡ ಸುದ್ದಿ ಪಠ್ಯ ಸಾಲುಗಳು ಇಲ್ಲಿ ಮುಂದುವರಿಯುತ್ತವೆ ಕನ್ನಡ ಸುದ್ದಿ ಪಠ್ಯ ಸಾಲುಗಳು ಇಲ್ಲಿ ಮುಂದುವರಿಯುತ್ತವೆ ಕನ್ನಡ ಸುದ್ದಿ ಪಠ್ಯ ಸಾಲುಗಳು ಇಲ್ಲಿ ಮುಂದುವರಿಯುತ್ತವೆ ಕನ್ನಡ ಸುದ್ದಿ ಪಠ್ಯ ಸಾಲುಗಳು ಇಲ್ಲಿ ಮುಂದುವರಿಯುತ್ತವೆ ಕನ್ನಡ ಸುದ್ದಿ ಪಠ್ಯ ಸಾಲುಗಳು ಇಲ್ಲಿ ಮುಂದುವರಿಯುತ್ತವೆ ಕನ್ನಡ ಸುದ್ದಿ ಪಠ್ಯ ಸಾಲುಗಳು ಇಲ್ಲಿ ಮುಂದುವರಿಯುತ್ತವೆ ಕನ್ನಡ ಸುದ್ದಿ ಪಠ್ಯ ಸಾಲುಗಳು ಇಲ್ಲಿ ಮುಂದುವರಿಯುತ್ತವೆ ಕನ್ನಡ ಸುದ್ದಿ ಪಠ್ಯ ಸಾಲುಗಳು ಇಲ್ಲಿ ಮುಂದುವರಿಯುತ್ತವೆ ಕನ್ನಡ ಸುದ್ದಿ ಪಠ್ಯ ಸಾಲುಗಳು ಇಲ್ಲಿ ಮುಂದುವರಿಯುತ್ತವೆ ಕನ್ನಡ ಸುದ್ದಿ ಪಠ್ಯ ಸಾಲುಗಳು ಇಲ್ಲಿ ಮುಂದುವರಿಯುತ್ತವೆ ಕನ್ನಡ ಸುದ್ದಿ ಪಠ್ಯ ಸಾಲುಗಳು ಇಲ್ಲಿ ಮುಂದುವರಿಯುತ್ತವೆ ಕನ್ನಡ ಸುದ್ದಿ ಪಠ್ಯ ಸಾಲುಗಳು ಇಲ್ಲಿ ಮುಂದುವರಿಯುತ್ತವೆ ಕನ್ನಡ ಸುದ್ದಿ ಪಠ್ಯ ಸಾಲುಗಳು ಇಲ್ಲಿ ಮುಂದುವರಿಯುತ್ತವೆ
ಕುಕನೂರು ಬಸ್ ನಿಲ್ದಾಣದಲ್ಲಿ ರೈತರ ಜೇಬು ಕತ್ತರಿಸಿರುವುದು
ಕತ್ತರಿಸಲಾದ ಜೇಬು ಮತ್ತು ದಾಖಲೆಗಳು
ಕನ್ನಡ ಸುದ್ದಿ ಪಠ್ಯ ಸಾಲುಗಳು ಇಲ್ಲಿ ಮುಂದುವರಿಯುತ್ತವೆ ಕನ್ನಡ ಸುದ್ದಿ ಪಠ್ಯ ಸಾಲುಗಳು ಇಲ್ಲಿ ಮುಂದುವರಿಯುತ್ತವೆ ಕನ್ನಡ ಸುದ್ದಿ ಪಠ್ಯ ಸಾಲುಗಳು ಇಲ್ಲಿ ಮುಂದುವರಿಯುತ್ತವೆ ಕನ್ನಡ ಸುದ್ದಿ ಪಠ್ಯ ಸಾಲುಗಳು ಇಲ್ಲಿ ಮುಂದುವರಿಯುತ್ತವೆ ಕನ್ನಡ ಸುದ್ದಿ ಪಠ್ಯ ಸಾಲುಗಳು ಇಲ್ಲಿ ಮುಂದುವರಿಯುತ್ತವೆ ಕನ್ನಡ ಸುದ್ದಿ ಪಠ್ಯ ಸಾಲುಗಳು ಇಲ್ಲಿ ಮುಂದುವರಿಯುತ್ತವೆ ಕನ್ನಡ ಸುದ್ದಿ ಪಠ್ಯ ಸಾಲುಗಳು ಇಲ್ಲಿ ಮುಂದುವರಿಯುತ್ತವೆ ಕನ್ನಡ ಸುದ್ದಿ ಪಠ್ಯ ಸಾಲುಗಳು ಇಲ್ಲಿ ಮುಂದುವರಿಯುತ್ತವೆ ಕನ್ನಡ ಸುದ್ದಿ ಪಠ್ಯ ಸಾಲುಗಳು ಇಲ್ಲಿ ಮುಂದುವರಿಯುತ್ತವೆ ಕನ್ನಡ ಸುದ್ದಿ ಪಠ್ಯ ಸಾಲುಗಳು ಇಲ್ಲಿ ಮುಂದುವರಿಯುತ್ತವೆ ಕನ್ನಡ ಸುದ್ದಿ ಪಠ್ಯ ಸಾಲುಗಳು ಇಲ್ಲಿ ಮುಂದುವರಿಯುತ್ತವೆ ಕನ್ನಡ ಸುದ್ದಿ ಪಠ್ಯ ಸಾಲುಗಳು ಇಲ್ಲಿ ಮುಂದುವರಿಯುತ್ತವೆ ಕನ್ನಡ ಸುದ್ದಿ ಪಠ್ಯ ಸಾಲುಗಳು ಇಲ್ಲಿ ಮುಂದುವರಿಯುತ್ತವೆ ಕನ್ನಡ ಸುದ್ದಿ ಪಠ್ಯ ಸಾಲುಗಳು ಇಲ್ಲಿ ಮುಂದುವರಿಯುತ್ತವೆ ಕನ್ನಡ ಸುದ್ದಿ ಪಠ್ಯ ಸಾಲುಗಳು ಇಲ್ಲಿ ಮುಂದುವರಿಯುತ್ತವೆ ಕನ್ನಡ ಸುದ್ದಿ ಪಠ್ಯ ಸಾಲುಗಳು ಇಲ್ಲಿ ಮುಂದುವರಿಯುತ್ತವೆ ಕನ್ನಡ ಸುದ್ದಿ ಪಠ್ಯ ಸಾಲುಗಳು ಇಲ್ಲಿ ಮುಂದುವರಿಯುತ್ತವೆ ಕನ್ನಡ ಸುದ್ದಿ ಪಠ್ಯ ಸಾಲುಗಳು ಇಲ್ಲಿ ಮುಂದುವರಿಯುತ್ತವೆ ಕನ್ನಡ ಸುದ್ದಿ ಪಠ್ಯ ಸಾಲುಗಳು ಇಲ್ಲಿ ಮುಂದುವರಿಯುತ್ತವೆ ಕನ್ನಡ ಸುದ್ದಿ ಪಠ್ಯ ಸಾಲುಗಳು ಇಲ್ಲಿ ಮುಂದುವರಿಯುತ್ತವೆ ಕನ್ನಡ ಸುದ್ದಿ ಪಠ್ಯ ಸಾಲುಗಳು ಇಲ್ಲಿ ಮುಂದುವರಿಯುತ್ತವೆ ಕನ್ನಡ ಸುದ್ದಿ ಪಠ್ಯ ಸಾಲುಗಳು ಇಲ್ಲಿ ಮುಂದುವರಿಯುತ್ತವೆ ಕನ್ನಡ ಸುದ್ದಿ ಪಠ್ಯ ಸಾಲುಗಳು ಇಲ್ಲಿ ಮುಂದುವರಿಯುತ್ತವೆ ಕನ್ನಡ ಸುದ್ದಿ ಪಠ್ಯ ಸಾಲುಗಳು ಇಲ್ಲಿ ಮುಂದುವರಿಯುತ್ತವೆ
ಕನ್ನಡ ಸುದ್ದಿ ಪಠ್ಯ ಸಾಲುಗಳು ಇಲ್ಲಿ ಮುಂದುವರಿಯುತ್ತವೆ ಕನ್ನಡ ಸುದ್ದಿ ಪಠ್ಯ ಸಾಲುಗಳು ಇಲ್ಲಿ ಮುಂದುವರಿಯುತ್ತವೆ ಕನ್ನಡ ಸುದ್ದಿ ಪಠ್ಯ ಸಾಲುಗಳು ಇಲ್ಲಿ ಮುಂದುವರಿಯುತ್ತವೆ ಕನ್ನಡ ಸುದ್ದಿ ಪಠ್ಯ ಸಾಲುಗಳು ಇಲ್ಲಿ ಮುಂದುವರಿಯುತ್ತವೆ ಕನ್ನಡ ಸುದ್ದಿ ಪಠ್ಯ ಸಾಲುಗಳು ಇಲ್ಲಿ ಮುಂದುವರಿಯುತ್ತವೆ ಕನ್ನಡ ಸುದ್ದಿ ಪಠ್ಯ ಸಾಲುಗಳು ಇಲ್ಲಿ ಮುಂದುವರಿಯುತ್ತವೆ ಕನ್ನಡ ಸುದ್ದಿ ಪಠ್ಯ ಸಾಲುಗಳು ಇಲ್ಲಿ ಮುಂದುವರಿಯುತ್ತವೆ ಕನ್ನಡ ಸುದ್ದಿ ಪಠ್ಯ ಸಾಲುಗಳು ಇಲ್ಲಿ ಮುಂದುವರಿಯುತ್ತವೆ ಕನ್ನಡ ಸುದ್ದಿ ಪಠ್ಯ ಸಾಲುಗಳು ಇಲ್ಲಿ ಮುಂದುವರಿಯುತ್ತವೆ ಕನ್ನಡ ಸುದ್ದಿ ಪಠ್ಯ ಸಾಲುಗಳು ಇಲ್ಲಿ ಮುಂದುವರಿಯುತ್ತವೆ ಕನ್ನಡ ಸುದ್ದಿ ಪಠ್ಯ ಸಾಲುಗಳು ಇಲ್ಲಿ ಮುಂದುವರಿಯುತ್ತವೆ ಕನ್ನಡ ಸುದ್ದಿ ಪಠ್ಯ ಸಾಲುಗಳು ಇಲ್ಲಿ ಮುಂದುವರಿಯುತ್ತವೆ ಕನ್ನಡ ಸುದ್ದಿ ಪಠ್ಯ ಸಾಲುಗಳು ಇಲ್ಲಿ ಮುಂದುವರಿಯುತ್ತವೆ ಕನ್ನಡ ಸುದ್ದಿ ಪಠ್ಯ ಸಾಲುಗಳು ಇಲ್ಲಿ ಮುಂದುವರಿಯುತ್ತವೆ ಕನ್ನಡ ಸುದ್ದಿ ಪಠ್ಯ ಸಾಲುಗಳು ಇಲ್ಲಿ ಮುಂದುವರಿಯುತ್ತವೆ ಕನ್ನಡ ಸುದ್ದಿ ಪಠ್ಯ ಸಾಲುಗಳು ಇಲ್ಲಿ ಮುಂದುವರಿಯುತ್ತವೆ ಕನ್ನಡ ಸುದ್ದಿ ಪಠ್ಯ ಸಾಲುಗಳು ಇಲ್ಲಿ ಮುಂದುವರಿಯುತ್ತವೆ ಕನ್ನಡ ಸುದ್ದಿ ಪಠ್ಯ ಸಾಲುಗಳು ಇಲ್ಲಿ ಮುಂದುವರಿಯುತ್ತವೆ ಕನ್ನಡ ಸುದ್ದಿ ಪಠ್ಯ ಸಾಲುಗಳು ಇಲ್ಲಿ ಮುಂದುವರಿಯುತ್ತವೆ ಕನ್ನಡ ಸುದ್ದಿ ಪಠ್ಯ ಸಾಲುಗಳು ಇಲ್ಲಿ ಮುಂದುವರಿಯುತ್ತವೆ ಕನ್ನಡ ಸುದ್ದಿ ಪಠ್ಯ ಸಾಲುಗಳು ಇಲ್ಲಿ ಮುಂದುವರಿಯುತ್ತವೆ ಕನ್ನಡ ಸುದ್ದಿ ಪಠ್ಯ ಸಾಲುಗಳು ಇಲ್ಲಿ ಮುಂದುವರಿಯುತ್ತವೆ ಕನ್ನಡ ಸುದ್ದಿ ಪಠ್ಯ ಸಾಲುಗಳು ಇಲ್ಲಿ ಮುಂದುವರಿಯುತ್ತವೆ ಕನ್ನಡ ಸುದ್ದಿ ಪಠ್ಯ ಸಾಲುಗಳು ಇಲ್ಲಿ ಮುಂದುವರಿಯುತ್ತವೆ
ಆರಕ್ಷಕ ಠಾಣೆಯಲ್ಲಿ ದೂರು ದಾಖಲು
ಕನ್ನಡ ಸುದ್ದಿ ಪಠ್ಯ ಸಾಲುಗಳು ಇಲ್ಲಿ ಮುಂದುವರಿಯುತ್ತವೆ ಕನ್ನಡ ಸುದ್ದಿ ಪಠ್ಯ ಸಾಲುಗಳು ಇಲ್ಲಿ ಮುಂದುವರಿಯುತ್ತವೆ ಕನ್ನಡ ಸುದ್ದಿ ಪಠ್ಯ ಸಾಲುಗಳು ಇಲ್ಲಿ ಮುಂದುವರಿಯುತ್ತವೆ ಕನ್ನಡ ಸುದ್ದಿ ಪಠ್ಯ ಸಾಲುಗಳು ಇಲ್ಲಿ ಮುಂದುವರಿಯುತ್ತವೆ ಕನ್ನಡ ಸುದ್ದಿ ಪಠ್ಯ ಸಾಲುಗಳು ಇಲ್ಲಿ ಮುಂದುವರಿಯುತ್ತವೆ ಕನ್ನಡ ಸುದ್ದಿ ಪಠ್ಯ ಸಾಲುಗಳು ಇಲ್ಲಿ ಮುಂದುವರಿಯುತ್ತವೆ ಕನ್ನಡ ಸುದ್ದಿ ಪಠ್ಯ ಸಾಲುಗಳು ಇಲ್ಲಿ ಮುಂದುವರಿಯುತ್ತವೆ ಕನ್ನಡ ಸುದ್ದಿ ಪಠ್ಯ ಸಾಲುಗಳು ಇಲ್ಲಿ ಮುಂದುವರಿಯುತ್ತವೆ ಕನ್ನಡ ಸುದ್ದಿ ಪಠ್ಯ ಸಾಲುಗಳು ಇಲ್ಲಿ ಮುಂದುವರಿಯುತ್ತವೆ ಕನ್ನಡ ಸುದ್ದಿ ಪಠ್ಯ ಸಾಲುಗಳು ಇಲ್ಲಿ ಮುಂದುವರಿಯುತ್ತವೆ ಕನ್ನಡ ಸುದ್ದಿ ಪಠ್ಯ ಸಾಲುಗಳು ಇಲ್ಲಿ ಮುಂದುವರಿಯುತ್ತವೆ ಕನ್ನಡ ಸುದ್ದಿ ಪಠ್ಯ ಸಾಲುಗಳು ಇಲ್ಲಿ ಮುಂದುವರಿಯುತ್ತವೆ ಕನ್ನಡ ಸುದ್ದಿ ಪಠ್ಯ ಸಾಲುಗಳು ಇಲ್ಲಿ ಮುಂದುವರಿಯುತ್ತವೆ ಕನ್ನಡ ಸುದ್ದಿ ಪಠ್ಯ ಸಾಲುಗಳು ಇಲ್ಲಿ ಮುಂದುವರಿಯುತ್ತವೆ ಕನ್ನಡ ಸುದ್ದಿ ಪಠ್ಯ ಸಾಲುಗಳು ಇಲ್ಲಿ ಮುಂದುವರಿಯುತ್ತವೆ ಕನ್ನಡ ಸುದ್ದಿ ಪಠ್ಯ ಸಾಲುಗಳು ಇಲ್ಲಿ ಮುಂದುವರಿಯುತ್ತವೆ ಕನ್ನಡ ಸುದ್ದಿ ಪಠ್ಯ ಸಾಲುಗಳು ಇಲ್ಲಿ ಮುಂದುವರಿಯುತ್ತವೆ ಕನ್ನಡ ಸುದ್ದಿ ಪಠ್ಯ ಸಾಲುಗಳು ಇಲ್ಲಿ ಮುಂದುವರಿಯುತ್ತವೆ ಕನ್ನಡ ಸುದ್ದಿ ಪಠ್ಯ ಸಾಲುಗಳು ಇಲ್ಲಿ ಮುಂದುವರಿಯುತ್ತವೆ ಕನ್ನಡ ಸುದ್ದಿ ಪಠ್ಯ ಸಾಲುಗಳು ಇಲ್ಲಿ ಮುಂದುವರಿಯುತ್ತವೆ ಕನ್ನಡ ಸುದ್ದಿ ಪಠ್ಯ ಸಾಲುಗಳು ಇಲ್ಲಿ ಮುಂದುವರಿಯುತ್ತವೆ ಕನ್ನಡ ಸುದ್ದಿ ಪಠ್ಯ ಸಾಲುಗಳು ಇಲ್ಲಿ ಮುಂದುವರಿಯುತ್ತವೆ ಕನ್ನಡ ಸುದ್ದಿ ಪಠ್ಯ ಸಾಲುಗಳು ಇಲ್ಲಿ ಮುಂದುವರಿಯುತ್ತವೆ ಕನ್ನಡ ಸುದ್ದಿ ಪಠ್ಯ ಸಾಲುಗಳು ಇಲ್ಲಿ ಮುಂದುವರಿಯುತ್ತವೆ
ಗಂಗಾವತಿ ನಗರದ ಶ್ರೀ ಆಂಜನೇಯ ಸ್ವಾಮಿ ದೇವಸ್ಥಾನದ ಆವರಣದಲ್ಲಿ ಶ್ರೀ ಗುರು ಸಿದ್ದೇಶ್ವರ ಮಠದ ವತಿಯಿಂದ ಸಾಮೂಹಿಕ ವಿವಾಹ ಕಾರ್ಯಕ್ರಮ ಹಾಗೂ ಧಾರ್ಮಿಕ ಸಭೆ ನಡೆಯಿತು
ಕನ್ನಡ ಸುದ್ದಿ ಪಠ್ಯ ಸಾಲುಗಳು ಇಲ್ಲಿ ಮುಂದುವರಿಯುತ್ತವೆ ಕನ್ನಡ ಸುದ್ದಿ ಪಠ್ಯ ಸಾಲುಗಳು ಇಲ್ಲಿ ಮುಂದುವರಿಯುತ್ತವೆ ಕನ್ನಡ ಸುದ್ದಿ ಪಠ್ಯ ಸಾಲುಗಳು ಇಲ್ಲಿ ಮುಂದುವರಿಯುತ್ತವೆ ಕನ್ನಡ ಸುದ್ದಿ ಪಠ್ಯ ಸಾಲುಗಳು ಇಲ್ಲಿ ಮುಂದುವರಿಯುತ್ತವೆ ಕನ್ನಡ ಸುದ್ದಿ ಪಠ್ಯ ಸಾಲುಗಳು ಇಲ್ಲಿ ಮುಂದುವರಿಯುತ್ತವೆ ಕನ್ನಡ ಸುದ್ದಿ ಪಠ್ಯ ಸಾಲುಗಳು ಇಲ್ಲಿ ಮುಂದುವರಿಯುತ್ತವೆ ಕನ್ನಡ ಸುದ್ದಿ ಪಠ್ಯ ಸಾಲುಗಳು ಇಲ್ಲಿ ಮುಂದುವರಿಯುತ್ತವೆ ಕನ್ನಡ ಸುದ್ದಿ ಪಠ್ಯ ಸಾಲುಗಳು ಇಲ್ಲಿ ಮುಂದುವರಿಯುತ್ತವೆ ಕನ್ನಡ ಸುದ್ದಿ ಪಠ್ಯ ಸಾಲುಗಳು ಇಲ್ಲಿ ಮುಂದುವರಿಯುತ್ತವೆ ಕನ್ನಡ ಸುದ್ದಿ ಪಠ್ಯ ಸಾಲುಗಳು ಇಲ್ಲಿ ಮುಂದುವರಿಯುತ್ತವೆ ಕನ್ನಡ ಸುದ್ದಿ ಪಠ್ಯ ಸಾಲುಗಳು ಇಲ್ಲಿ ಮುಂದುವರಿಯುತ್ತವೆ ಕನ್ನಡ ಸುದ್ದಿ ಪಠ್ಯ ಸಾಲುಗಳು ಇಲ್ಲಿ ಮುಂದುವರಿಯುತ್ತವೆ ಕನ್ನಡ ಸುದ್ದಿ ಪಠ್ಯ ಸಾಲುಗಳು ಇಲ್ಲಿ ಮುಂದುವರಿಯುತ್ತವೆ ಕನ್ನಡ ಸುದ್ದಿ ಪಠ್ಯ ಸಾಲುಗಳು ಇಲ್ಲಿ ಮುಂದುವರಿಯುತ್ತವೆ ಕನ್ನಡ ಸುದ್ದಿ ಪಠ್ಯ ಸಾಲುಗಳು ಇಲ್ಲಿ ಮುಂದುವರಿಯುತ್ತವೆ ಕನ್ನಡ ಸುದ್ದಿ ಪಠ್ಯ ಸಾಲುಗಳು ಇಲ್ಲಿ ಮುಂದುವರಿಯುತ್ತವೆ ಕನ್ನಡ ಸುದ್ದಿ ಪಠ್ಯ ಸಾಲುಗಳು ಇಲ್ಲಿ ಮುಂದುವರಿಯುತ್ತವೆ ಕನ್ನಡ ಸುದ್ದಿ ಪಠ್ಯ ಸಾಲುಗಳು ಇಲ್ಲಿ ಮುಂದುವರಿಯುತ್ತವೆ ಕನ್ನಡ ಸುದ್ದಿ ಪಠ್ಯ ಸಾಲುಗಳು ಇಲ್ಲಿ ಮುಂದುವರಿಯುತ್ತವೆ ಕನ್ನಡ ಸುದ್ದಿ ಪಠ್ಯ ಸಾಲುಗಳು ಇಲ್ಲಿ ಮುಂದುವರಿಯುತ್ತವೆ ಕನ್ನಡ ಸುದ್ದಿ ಪಠ್ಯ ಸಾಲುಗಳು ಇಲ್ಲಿ ಮುಂದುವರಿಯುತ್ತವೆ ಕನ್ನಡ ಸುದ್ದಿ ಪಠ್ಯ ಸಾಲುಗಳು ಇಲ್ಲಿ ಮುಂದುವರಿಯುತ್ತವೆ ಕನ್ನಡ ಸುದ್ದಿ ಪಠ್ಯ ಸಾಲುಗಳು ಇಲ್ಲಿ ಮುಂದುವರಿಯುತ್ತವೆ ಕನ್ನಡ ಸುದ್ದಿ ಪಠ್ಯ ಸಾಲುಗಳು ಇಲ್ಲಿ ಮುಂದುವರಿಯುತ್ತವೆ
